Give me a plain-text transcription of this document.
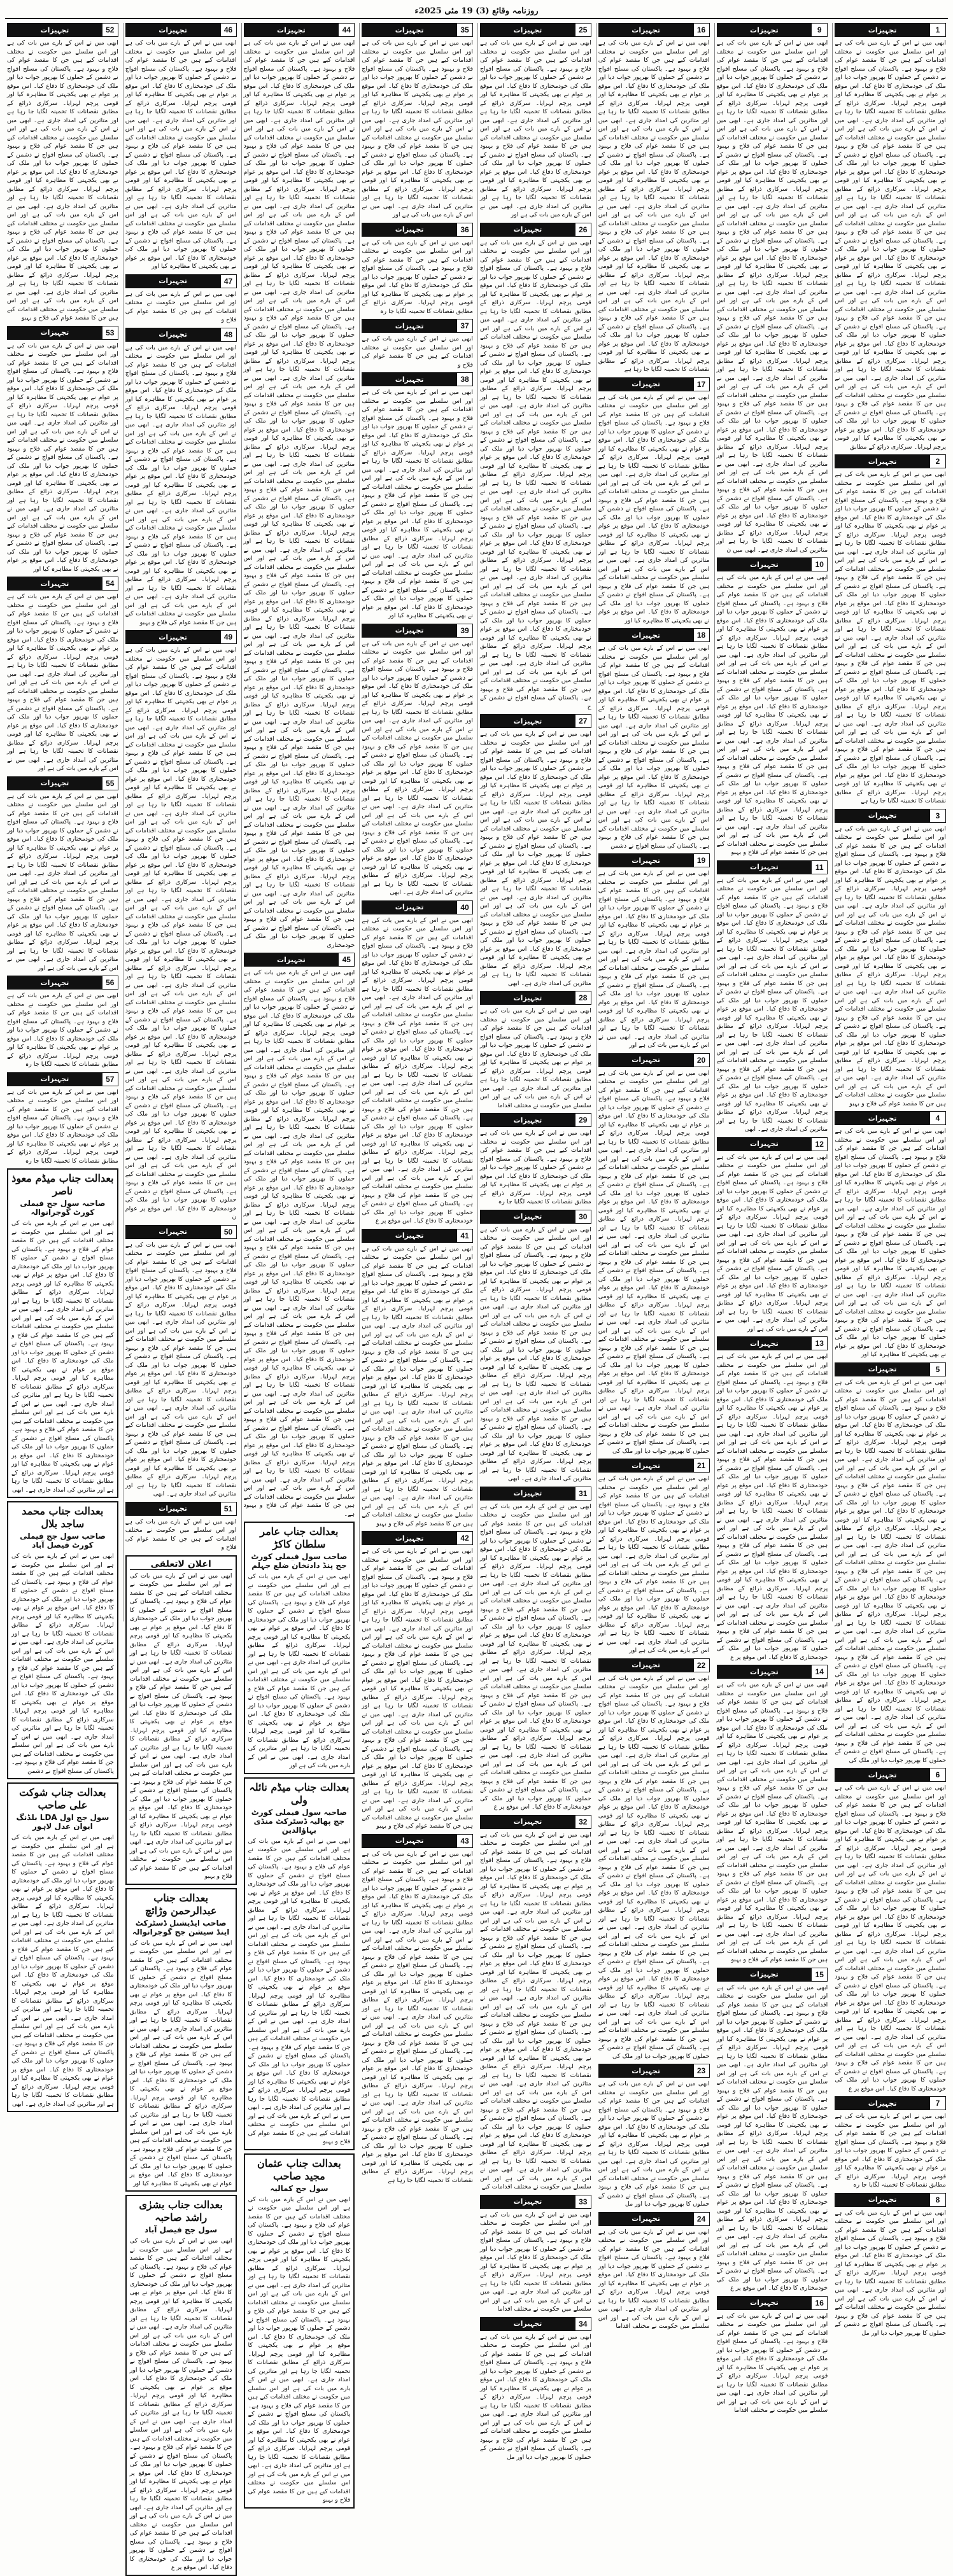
روزنامہ وقائع (3) 19 مئی 2025ء
1
تجہیزات

ابھی میں نے اس کے بارے میں بات کی ہے اور اس سلسلے میں حکومت نے مختلف اقدامات کیے ہیں جن کا مقصد عوام کی فلاح و بہبود ہے۔ پاکستان کی مسلح افواج نے دشمن کے حملوں کا بھرپور جواب دیا اور ملک کی خودمختاری کا دفاع کیا۔ اس موقع پر عوام نے بھی یکجہتی کا مظاہرہ کیا اور قومی پرچم لہرایا۔ سرکاری ذرائع کے مطابق نقصانات کا تخمینہ لگایا جا رہا ہے اور متاثرین کی امداد جاری ہے۔ ابھی میں نے اس کے بارے میں بات کی ہے اور اس سلسلے میں حکومت نے مختلف اقدامات کیے ہیں جن کا مقصد عوام کی فلاح و بہبود ہے۔ پاکستان کی مسلح افواج نے دشمن کے حملوں کا بھرپور جواب دیا اور ملک کی خودمختاری کا دفاع کیا۔ اس موقع پر عوام نے بھی یکجہتی کا مظاہرہ کیا اور قومی پرچم لہرایا۔ سرکاری ذرائع کے مطابق نقصانات کا تخمینہ لگایا جا رہا ہے اور متاثرین کی امداد جاری ہے۔ ابھی میں نے اس کے بارے میں بات کی ہے اور اس سلسلے میں حکومت نے مختلف اقدامات کیے ہیں جن کا مقصد عوام کی فلاح و بہبود ہے۔ پاکستان کی مسلح افواج نے دشمن کے حملوں کا بھرپور جواب دیا اور ملک کی خودمختاری کا دفاع کیا۔ اس موقع پر عوام نے بھی یکجہتی کا مظاہرہ کیا اور قومی پرچم لہرایا۔ سرکاری ذرائع کے مطابق نقصانات کا تخمینہ لگایا جا رہا ہے اور متاثرین کی امداد جاری ہے۔ ابھی میں نے اس کے بارے میں بات کی ہے اور اس سلسلے میں حکومت نے مختلف اقدامات کیے ہیں جن کا مقصد عوام کی فلاح و بہبود ہے۔ پاکستان کی مسلح افواج نے دشمن کے حملوں کا بھرپور جواب دیا اور ملک کی خودمختاری کا دفاع کیا۔ اس موقع پر عوام نے بھی یکجہتی کا مظاہرہ کیا اور قومی پرچم لہرایا۔ سرکاری ذرائع کے مطابق نقصانات کا تخمینہ لگایا جا رہا ہے اور متاثرین کی امداد جاری ہے۔ ابھی میں نے اس کے بارے میں بات کی ہے اور اس سلسلے میں حکومت نے مختلف اقدامات کیے ہیں جن کا مقصد عوام کی فلاح و بہبود ہے۔ پاکستان کی مسلح افواج نے دشمن کے حملوں کا بھرپور جواب دیا اور ملک کی خودمختاری کا دفاع کیا۔ اس موقع پر عوام نے بھی یکجہتی کا مظاہرہ کیا اور قومی پرچم لہرایا۔ سرکاری ذرائع کے مطابق

2
تجہیزات

ابھی میں نے اس کے بارے میں بات کی ہے اور اس سلسلے میں حکومت نے مختلف اقدامات کیے ہیں جن کا مقصد عوام کی فلاح و بہبود ہے۔ پاکستان کی مسلح افواج نے دشمن کے حملوں کا بھرپور جواب دیا اور ملک کی خودمختاری کا دفاع کیا۔ اس موقع پر عوام نے بھی یکجہتی کا مظاہرہ کیا اور قومی پرچم لہرایا۔ سرکاری ذرائع کے مطابق نقصانات کا تخمینہ لگایا جا رہا ہے اور متاثرین کی امداد جاری ہے۔ ابھی میں نے اس کے بارے میں بات کی ہے اور اس سلسلے میں حکومت نے مختلف اقدامات کیے ہیں جن کا مقصد عوام کی فلاح و بہبود ہے۔ پاکستان کی مسلح افواج نے دشمن کے حملوں کا بھرپور جواب دیا اور ملک کی خودمختاری کا دفاع کیا۔ اس موقع پر عوام نے بھی یکجہتی کا مظاہرہ کیا اور قومی پرچم لہرایا۔ سرکاری ذرائع کے مطابق نقصانات کا تخمینہ لگایا جا رہا ہے اور متاثرین کی امداد جاری ہے۔ ابھی میں نے اس کے بارے میں بات کی ہے اور اس سلسلے میں حکومت نے مختلف اقدامات کیے ہیں جن کا مقصد عوام کی فلاح و بہبود ہے۔ پاکستان کی مسلح افواج نے دشمن کے حملوں کا بھرپور جواب دیا اور ملک کی خودمختاری کا دفاع کیا۔ اس موقع پر عوام نے بھی یکجہتی کا مظاہرہ کیا اور قومی پرچم لہرایا۔ سرکاری ذرائع کے مطابق نقصانات کا تخمینہ لگایا جا رہا ہے اور متاثرین کی امداد جاری ہے۔ ابھی میں نے اس کے بارے میں بات کی ہے اور اس سلسلے میں حکومت نے مختلف اقدامات کیے ہیں جن کا مقصد عوام کی فلاح و بہبود ہے۔ پاکستان کی مسلح افواج نے دشمن کے حملوں کا بھرپور جواب دیا اور ملک کی خودمختاری کا دفاع کیا۔ اس موقع پر عوام نے بھی یکجہتی کا مظاہرہ کیا اور قومی پرچم لہرایا۔ سرکاری ذرائع کے مطابق نقصانات کا تخمینہ لگایا جا رہا ہے

3
تجہیزات

ابھی میں نے اس کے بارے میں بات کی ہے اور اس سلسلے میں حکومت نے مختلف اقدامات کیے ہیں جن کا مقصد عوام کی فلاح و بہبود ہے۔ پاکستان کی مسلح افواج نے دشمن کے حملوں کا بھرپور جواب دیا اور ملک کی خودمختاری کا دفاع کیا۔ اس موقع پر عوام نے بھی یکجہتی کا مظاہرہ کیا اور قومی پرچم لہرایا۔ سرکاری ذرائع کے مطابق نقصانات کا تخمینہ لگایا جا رہا ہے اور متاثرین کی امداد جاری ہے۔ ابھی میں نے اس کے بارے میں بات کی ہے اور اس سلسلے میں حکومت نے مختلف اقدامات کیے ہیں جن کا مقصد عوام کی فلاح و بہبود ہے۔ پاکستان کی مسلح افواج نے دشمن کے حملوں کا بھرپور جواب دیا اور ملک کی خودمختاری کا دفاع کیا۔ اس موقع پر عوام نے بھی یکجہتی کا مظاہرہ کیا اور قومی پرچم لہرایا۔ سرکاری ذرائع کے مطابق نقصانات کا تخمینہ لگایا جا رہا ہے اور متاثرین کی امداد جاری ہے۔ ابھی میں نے اس کے بارے میں بات کی ہے اور اس سلسلے میں حکومت نے مختلف اقدامات کیے ہیں جن کا مقصد عوام کی فلاح و بہبود ہے۔ پاکستان کی مسلح افواج نے دشمن کے حملوں کا بھرپور جواب دیا اور ملک کی خودمختاری کا دفاع کیا۔ اس موقع پر عوام نے بھی یکجہتی کا مظاہرہ کیا اور قومی پرچم لہرایا۔ سرکاری ذرائع کے مطابق نقصانات کا تخمینہ لگایا جا رہا ہے اور متاثرین کی امداد جاری ہے۔ ابھی میں نے اس کے بارے میں بات کی ہے اور اس سلسلے میں حکومت نے مختلف اقدامات کیے ہیں جن کا مقصد عوام کی فلاح و بہبو

4
تجہیزات

ابھی میں نے اس کے بارے میں بات کی ہے اور اس سلسلے میں حکومت نے مختلف اقدامات کیے ہیں جن کا مقصد عوام کی فلاح و بہبود ہے۔ پاکستان کی مسلح افواج نے دشمن کے حملوں کا بھرپور جواب دیا اور ملک کی خودمختاری کا دفاع کیا۔ اس موقع پر عوام نے بھی یکجہتی کا مظاہرہ کیا اور قومی پرچم لہرایا۔ سرکاری ذرائع کے مطابق نقصانات کا تخمینہ لگایا جا رہا ہے اور متاثرین کی امداد جاری ہے۔ ابھی میں نے اس کے بارے میں بات کی ہے اور اس سلسلے میں حکومت نے مختلف اقدامات کیے ہیں جن کا مقصد عوام کی فلاح و بہبود ہے۔ پاکستان کی مسلح افواج نے دشمن کے حملوں کا بھرپور جواب دیا اور ملک کی خودمختاری کا دفاع کیا۔ اس موقع پر عوام نے بھی یکجہتی کا مظاہرہ کیا اور قومی پرچم لہرایا۔ سرکاری ذرائع کے مطابق نقصانات کا تخمینہ لگایا جا رہا ہے اور متاثرین کی امداد جاری ہے۔ ابھی میں نے اس کے بارے میں بات کی ہے اور اس سلسلے میں حکومت نے مختلف اقدامات کیے ہیں جن کا مقصد عوام کی فلاح و بہبود ہے۔ پاکستان کی مسلح افواج نے دشمن کے حملوں کا بھرپور جواب دیا اور ملک کی خودمختاری کا دفاع کیا۔ اس موقع پر عوام نے بھی یکجہتی کا مظاہرہ کیا اور

5
تجہیزات

ابھی میں نے اس کے بارے میں بات کی ہے اور اس سلسلے میں حکومت نے مختلف اقدامات کیے ہیں جن کا مقصد عوام کی فلاح و بہبود ہے۔ پاکستان کی مسلح افواج نے دشمن کے حملوں کا بھرپور جواب دیا اور ملک کی خودمختاری کا دفاع کیا۔ اس موقع پر عوام نے بھی یکجہتی کا مظاہرہ کیا اور قومی پرچم لہرایا۔ سرکاری ذرائع کے مطابق نقصانات کا تخمینہ لگایا جا رہا ہے اور متاثرین کی امداد جاری ہے۔ ابھی میں نے اس کے بارے میں بات کی ہے اور اس سلسلے میں حکومت نے مختلف اقدامات کیے ہیں جن کا مقصد عوام کی فلاح و بہبود ہے۔ پاکستان کی مسلح افواج نے دشمن کے حملوں کا بھرپور جواب دیا اور ملک کی خودمختاری کا دفاع کیا۔ اس موقع پر عوام نے بھی یکجہتی کا مظاہرہ کیا اور قومی پرچم لہرایا۔ سرکاری ذرائع کے مطابق نقصانات کا تخمینہ لگایا جا رہا ہے اور متاثرین کی امداد جاری ہے۔ ابھی میں نے اس کے بارے میں بات کی ہے اور اس سلسلے میں حکومت نے مختلف اقدامات کیے ہیں جن کا مقصد عوام کی فلاح و بہبود ہے۔ پاکستان کی مسلح افواج نے دشمن کے حملوں کا بھرپور جواب دیا اور ملک کی خودمختاری کا دفاع کیا۔ اس موقع پر عوام نے بھی یکجہتی کا مظاہرہ کیا اور قومی پرچم لہرایا۔ سرکاری ذرائع کے مطابق نقصانات کا تخمینہ لگایا جا رہا ہے اور متاثرین کی امداد جاری ہے۔ ابھی میں نے اس کے بارے میں بات کی ہے اور اس سلسلے میں حکومت نے مختلف اقدامات کیے ہیں جن کا مقصد عوام کی فلاح و بہبود ہے۔ پاکستان کی مسلح افواج نے دشمن کے حملوں کا بھرپور جواب دیا اور ملک کی خودمختاری کا دفاع کیا۔ اس موقع پر عوام نے بھی یکجہتی کا مظاہرہ کیا اور قومی پرچم لہرایا۔ سرکاری ذرائع کے مطابق نقصانات کا تخمینہ لگایا جا رہا ہے اور متاثرین کی امداد جاری ہے۔ ابھی میں نے اس کے بارے میں بات کی ہے اور اس سلسلے میں حکومت نے مختلف اقدامات کیے ہیں جن کا مقصد عوام کی فلاح و بہبود ہے۔ پاکستان کی مسلح افواج نے دشمن کے حملوں کا بھرپور جواب دیا اور ملک کی

6
تجہیزات

ابھی میں نے اس کے بارے میں بات کی ہے اور اس سلسلے میں حکومت نے مختلف اقدامات کیے ہیں جن کا مقصد عوام کی فلاح و بہبود ہے۔ پاکستان کی مسلح افواج نے دشمن کے حملوں کا بھرپور جواب دیا اور ملک کی خودمختاری کا دفاع کیا۔ اس موقع پر عوام نے بھی یکجہتی کا مظاہرہ کیا اور قومی پرچم لہرایا۔ سرکاری ذرائع کے مطابق نقصانات کا تخمینہ لگایا جا رہا ہے اور متاثرین کی امداد جاری ہے۔ ابھی میں نے اس کے بارے میں بات کی ہے اور اس سلسلے میں حکومت نے مختلف اقدامات کیے ہیں جن کا مقصد عوام کی فلاح و بہبود ہے۔ پاکستان کی مسلح افواج نے دشمن کے حملوں کا بھرپور جواب دیا اور ملک کی خودمختاری کا دفاع کیا۔ اس موقع پر عوام نے بھی یکجہتی کا مظاہرہ کیا اور قومی پرچم لہرایا۔ سرکاری ذرائع کے مطابق نقصانات کا تخمینہ لگایا جا رہا ہے اور متاثرین کی امداد جاری ہے۔ ابھی میں نے اس کے بارے میں بات کی ہے اور اس سلسلے میں حکومت نے مختلف اقدامات کیے ہیں جن کا مقصد عوام کی فلاح و بہبود ہے۔ پاکستان کی مسلح افواج نے دشمن کے حملوں کا بھرپور جواب دیا اور ملک کی خودمختاری کا دفاع کیا۔ اس موقع پر عوام نے بھی یکجہتی کا مظاہرہ کیا اور قومی پرچم لہرایا۔ سرکاری ذرائع کے مطابق نقصانات کا تخمینہ لگایا جا رہا ہے اور متاثرین کی امداد جاری ہے۔ ابھی میں نے اس کے بارے میں بات کی ہے اور اس سلسلے میں حکومت نے مختلف اقدامات کیے ہیں جن کا مقصد عوام کی فلاح و بہبود ہے۔ پاکستان کی مسلح افواج نے دشمن کے حملوں کا بھرپور جواب دیا اور ملک کی خودمختاری کا دفاع کیا۔ اس موقع پر ع

7
تجہیزات

ابھی میں نے اس کے بارے میں بات کی ہے اور اس سلسلے میں حکومت نے مختلف اقدامات کیے ہیں جن کا مقصد عوام کی فلاح و بہبود ہے۔ پاکستان کی مسلح افواج نے دشمن کے حملوں کا بھرپور جواب دیا اور ملک کی خودمختاری کا دفاع کیا۔ اس موقع پر عوام نے بھی یکجہتی کا مظاہرہ کیا اور قومی پرچم لہرایا۔ سرکاری ذرائع کے مطابق نقصانات کا تخمینہ لگایا جا رہ

8
تجہیزات

ابھی میں نے اس کے بارے میں بات کی ہے اور اس سلسلے میں حکومت نے مختلف اقدامات کیے ہیں جن کا مقصد عوام کی فلاح و بہبود ہے۔ پاکستان کی مسلح افواج نے دشمن کے حملوں کا بھرپور جواب دیا اور ملک کی خودمختاری کا دفاع کیا۔ اس موقع پر عوام نے بھی یکجہتی کا مظاہرہ کیا اور قومی پرچم لہرایا۔ سرکاری ذرائع کے مطابق نقصانات کا تخمینہ لگایا جا رہا ہے اور متاثرین کی امداد جاری ہے۔ ابھی میں نے اس کے بارے میں بات کی ہے اور اس سلسلے میں حکومت نے مختلف اقدامات کیے ہیں جن کا مقصد عوام کی فلاح و بہبود ہے۔ پاکستان کی مسلح افواج نے دشمن کے حملوں کا بھرپور جواب دیا اور مل

9
تجہیزات

ابھی میں نے اس کے بارے میں بات کی ہے اور اس سلسلے میں حکومت نے مختلف اقدامات کیے ہیں جن کا مقصد عوام کی فلاح و بہبود ہے۔ پاکستان کی مسلح افواج نے دشمن کے حملوں کا بھرپور جواب دیا اور ملک کی خودمختاری کا دفاع کیا۔ اس موقع پر عوام نے بھی یکجہتی کا مظاہرہ کیا اور قومی پرچم لہرایا۔ سرکاری ذرائع کے مطابق نقصانات کا تخمینہ لگایا جا رہا ہے اور متاثرین کی امداد جاری ہے۔ ابھی میں نے اس کے بارے میں بات کی ہے اور اس سلسلے میں حکومت نے مختلف اقدامات کیے ہیں جن کا مقصد عوام کی فلاح و بہبود ہے۔ پاکستان کی مسلح افواج نے دشمن کے حملوں کا بھرپور جواب دیا اور ملک کی خودمختاری کا دفاع کیا۔ اس موقع پر عوام نے بھی یکجہتی کا مظاہرہ کیا اور قومی پرچم لہرایا۔ سرکاری ذرائع کے مطابق نقصانات کا تخمینہ لگایا جا رہا ہے اور متاثرین کی امداد جاری ہے۔ ابھی میں نے اس کے بارے میں بات کی ہے اور اس سلسلے میں حکومت نے مختلف اقدامات کیے ہیں جن کا مقصد عوام کی فلاح و بہبود ہے۔ پاکستان کی مسلح افواج نے دشمن کے حملوں کا بھرپور جواب دیا اور ملک کی خودمختاری کا دفاع کیا۔ اس موقع پر عوام نے بھی یکجہتی کا مظاہرہ کیا اور قومی پرچم لہرایا۔ سرکاری ذرائع کے مطابق نقصانات کا تخمینہ لگایا جا رہا ہے اور متاثرین کی امداد جاری ہے۔ ابھی میں نے اس کے بارے میں بات کی ہے اور اس سلسلے میں حکومت نے مختلف اقدامات کیے ہیں جن کا مقصد عوام کی فلاح و بہبود ہے۔ پاکستان کی مسلح افواج نے دشمن کے حملوں کا بھرپور جواب دیا اور ملک کی خودمختاری کا دفاع کیا۔ اس موقع پر عوام نے بھی یکجہتی کا مظاہرہ کیا اور قومی پرچم لہرایا۔ سرکاری ذرائع کے مطابق نقصانات کا تخمینہ لگایا جا رہا ہے اور متاثرین کی امداد جاری ہے۔ ابھی میں نے اس کے بارے میں بات کی ہے اور اس سلسلے میں حکومت نے مختلف اقدامات کیے ہیں جن کا مقصد عوام کی فلاح و بہبود ہے۔ پاکستان کی مسلح افواج نے دشمن کے حملوں کا بھرپور جواب دیا اور ملک کی خودمختاری کا دفاع کیا۔ اس موقع پر عوام نے بھی یکجہتی کا مظاہرہ کیا اور قومی پرچم لہرایا۔ سرکاری ذرائع کے مطابق نقصانات کا تخمینہ لگایا جا رہا ہے اور متاثرین کی امداد جاری ہے۔ ابھی میں نے اس کے بارے میں بات کی ہے اور اس سلسلے میں حکومت نے مختلف اقدامات کیے ہیں جن کا مقصد عوام کی فلاح و بہبود ہے۔ پاکستان کی مسلح افواج نے دشمن کے حملوں کا بھرپور جواب دیا اور ملک کی خودمختاری کا دفاع کیا۔ اس موقع پر عوام نے بھی یکجہتی کا مظاہرہ کیا اور قومی پرچم لہرایا۔ سرکاری ذرائع کے مطابق نقصانات کا تخمینہ لگایا جا رہا ہے اور متاثرین کی امداد جاری ہے۔ ابھی میں ن

10
تجہیزات

ابھی میں نے اس کے بارے میں بات کی ہے اور اس سلسلے میں حکومت نے مختلف اقدامات کیے ہیں جن کا مقصد عوام کی فلاح و بہبود ہے۔ پاکستان کی مسلح افواج نے دشمن کے حملوں کا بھرپور جواب دیا اور ملک کی خودمختاری کا دفاع کیا۔ اس موقع پر عوام نے بھی یکجہتی کا مظاہرہ کیا اور قومی پرچم لہرایا۔ سرکاری ذرائع کے مطابق نقصانات کا تخمینہ لگایا جا رہا ہے اور متاثرین کی امداد جاری ہے۔ ابھی میں نے اس کے بارے میں بات کی ہے اور اس سلسلے میں حکومت نے مختلف اقدامات کیے ہیں جن کا مقصد عوام کی فلاح و بہبود ہے۔ پاکستان کی مسلح افواج نے دشمن کے حملوں کا بھرپور جواب دیا اور ملک کی خودمختاری کا دفاع کیا۔ اس موقع پر عوام نے بھی یکجہتی کا مظاہرہ کیا اور قومی پرچم لہرایا۔ سرکاری ذرائع کے مطابق نقصانات کا تخمینہ لگایا جا رہا ہے اور متاثرین کی امداد جاری ہے۔ ابھی میں نے اس کے بارے میں بات کی ہے اور اس سلسلے میں حکومت نے مختلف اقدامات کیے ہیں جن کا مقصد عوام کی فلاح و بہبود ہے۔ پاکستان کی مسلح افواج نے دشمن کے حملوں کا بھرپور جواب دیا اور ملک کی خودمختاری کا دفاع کیا۔ اس موقع پر عوام نے بھی یکجہتی کا مظاہرہ کیا اور قومی پرچم لہرایا۔ سرکاری ذرائع کے مطابق نقصانات کا تخمینہ لگایا جا رہا ہے اور متاثرین کی امداد جاری ہے۔ ابھی میں نے اس کے بارے میں بات کی ہے اور اس سلسلے میں حکومت نے مختلف اقدامات کیے ہیں جن کا مقصد عوام کی فلاح و بہبو

11
تجہیزات

ابھی میں نے اس کے بارے میں بات کی ہے اور اس سلسلے میں حکومت نے مختلف اقدامات کیے ہیں جن کا مقصد عوام کی فلاح و بہبود ہے۔ پاکستان کی مسلح افواج نے دشمن کے حملوں کا بھرپور جواب دیا اور ملک کی خودمختاری کا دفاع کیا۔ اس موقع پر عوام نے بھی یکجہتی کا مظاہرہ کیا اور قومی پرچم لہرایا۔ سرکاری ذرائع کے مطابق نقصانات کا تخمینہ لگایا جا رہا ہے اور متاثرین کی امداد جاری ہے۔ ابھی میں نے اس کے بارے میں بات کی ہے اور اس سلسلے میں حکومت نے مختلف اقدامات کیے ہیں جن کا مقصد عوام کی فلاح و بہبود ہے۔ پاکستان کی مسلح افواج نے دشمن کے حملوں کا بھرپور جواب دیا اور ملک کی خودمختاری کا دفاع کیا۔ اس موقع پر عوام نے بھی یکجہتی کا مظاہرہ کیا اور قومی پرچم لہرایا۔ سرکاری ذرائع کے مطابق نقصانات کا تخمینہ لگایا جا رہا ہے اور متاثرین کی امداد جاری ہے۔ ابھی میں نے اس کے بارے میں بات کی ہے اور اس سلسلے میں حکومت نے مختلف اقدامات کیے ہیں جن کا مقصد عوام کی فلاح و بہبود ہے۔ پاکستان کی مسلح افواج نے دشمن کے حملوں کا بھرپور جواب دیا اور ملک کی خودمختاری کا دفاع کیا۔ اس موقع پر عوام نے بھی یکجہتی کا مظاہرہ کیا اور قومی پرچم لہرایا۔ سرکاری ذرائع کے مطابق نقصانات کا تخمینہ لگایا جا رہا ہے اور متاثرین کی امداد جاری ہے۔ ابھی

12
تجہیزات

ابھی میں نے اس کے بارے میں بات کی ہے اور اس سلسلے میں حکومت نے مختلف اقدامات کیے ہیں جن کا مقصد عوام کی فلاح و بہبود ہے۔ پاکستان کی مسلح افواج نے دشمن کے حملوں کا بھرپور جواب دیا اور ملک کی خودمختاری کا دفاع کیا۔ اس موقع پر عوام نے بھی یکجہتی کا مظاہرہ کیا اور قومی پرچم لہرایا۔ سرکاری ذرائع کے مطابق نقصانات کا تخمینہ لگایا جا رہا ہے اور متاثرین کی امداد جاری ہے۔ ابھی میں نے اس کے بارے میں بات کی ہے اور اس سلسلے میں حکومت نے مختلف اقدامات کیے ہیں جن کا مقصد عوام کی فلاح و بہبود ہے۔ پاکستان کی مسلح افواج نے دشمن کے حملوں کا بھرپور جواب دیا اور ملک کی خودمختاری کا دفاع کیا۔ اس موقع پر عوام نے بھی یکجہتی کا مظاہرہ کیا اور قومی پرچم لہرایا۔ سرکاری ذرائع کے مطابق نقصانات کا تخمینہ لگایا جا رہا ہے اور متاثرین کی امداد جاری ہے۔ ابھی میں نے اس کے بارے میں بات کی ہے اور

13
تجہیزات

ابھی میں نے اس کے بارے میں بات کی ہے اور اس سلسلے میں حکومت نے مختلف اقدامات کیے ہیں جن کا مقصد عوام کی فلاح و بہبود ہے۔ پاکستان کی مسلح افواج نے دشمن کے حملوں کا بھرپور جواب دیا اور ملک کی خودمختاری کا دفاع کیا۔ اس موقع پر عوام نے بھی یکجہتی کا مظاہرہ کیا اور قومی پرچم لہرایا۔ سرکاری ذرائع کے مطابق نقصانات کا تخمینہ لگایا جا رہا ہے اور متاثرین کی امداد جاری ہے۔ ابھی میں نے اس کے بارے میں بات کی ہے اور اس سلسلے میں حکومت نے مختلف اقدامات کیے ہیں جن کا مقصد عوام کی فلاح و بہبود ہے۔ پاکستان کی مسلح افواج نے دشمن کے حملوں کا بھرپور جواب دیا اور ملک کی خودمختاری کا دفاع کیا۔ اس موقع پر عوام نے بھی یکجہتی کا مظاہرہ کیا اور قومی پرچم لہرایا۔ سرکاری ذرائع کے مطابق نقصانات کا تخمینہ لگایا جا رہا ہے اور متاثرین کی امداد جاری ہے۔ ابھی میں نے اس کے بارے میں بات کی ہے اور اس سلسلے میں حکومت نے مختلف اقدامات کیے ہیں جن کا مقصد عوام کی فلاح و بہبود ہے۔ پاکستان کی مسلح افواج نے دشمن کے حملوں کا بھرپور جواب دیا اور ملک کی خودمختاری کا دفاع کیا۔ اس موقع پر عوام نے بھی یکجہتی کا مظاہرہ کیا اور قومی پرچم لہرایا۔ سرکاری ذرائع کے مطابق نقصانات کا تخمینہ لگایا جا رہا ہے اور متاثرین کی امداد جاری ہے۔ ابھی میں نے اس کے بارے میں بات کی ہے اور اس سلسلے میں حکومت نے مختلف اقدامات کیے ہیں جن کا مقصد عوام کی فلاح و بہبود ہے۔ پاکستان کی مسلح افواج نے دشمن کے حملوں کا بھرپور جواب دیا اور ملک کی خودمختاری کا دفاع کیا۔ اس موقع پر ع

14
تجہیزات

ابھی میں نے اس کے بارے میں بات کی ہے اور اس سلسلے میں حکومت نے مختلف اقدامات کیے ہیں جن کا مقصد عوام کی فلاح و بہبود ہے۔ پاکستان کی مسلح افواج نے دشمن کے حملوں کا بھرپور جواب دیا اور ملک کی خودمختاری کا دفاع کیا۔ اس موقع پر عوام نے بھی یکجہتی کا مظاہرہ کیا اور قومی پرچم لہرایا۔ سرکاری ذرائع کے مطابق نقصانات کا تخمینہ لگایا جا رہا ہے اور متاثرین کی امداد جاری ہے۔ ابھی میں نے اس کے بارے میں بات کی ہے اور اس سلسلے میں حکومت نے مختلف اقدامات کیے ہیں جن کا مقصد عوام کی فلاح و بہبود ہے۔ پاکستان کی مسلح افواج نے دشمن کے حملوں کا بھرپور جواب دیا اور ملک کی خودمختاری کا دفاع کیا۔ اس موقع پر عوام نے بھی یکجہتی کا مظاہرہ کیا اور قومی پرچم لہرایا۔ سرکاری ذرائع کے مطابق نقصانات کا تخمینہ لگایا جا رہا ہے اور متاثرین کی امداد جاری ہے۔ ابھی میں نے اس کے بارے میں بات کی ہے اور اس سلسلے میں حکومت نے مختلف اقدامات کیے ہیں جن کا مقصد عوام کی فلاح و بہبود ہے۔ پاکستان کی مسلح افواج نے دشمن کے حملوں کا بھرپور جواب دیا اور ملک کی خودمختاری کا دفاع کیا۔ اس موقع پر عوام نے بھی یکجہتی کا مظاہرہ کیا اور قومی پرچم لہرایا۔ سرکاری ذرائع کے مطابق نقصانات کا تخمینہ لگایا جا رہا ہے اور متاثرین کی امداد جاری ہے۔ ابھی میں نے اس کے بارے میں بات کی ہے اور اس سلسلے میں حکومت نے مختلف اقدامات کیے ہیں جن کا مقصد عوام کی فلاح و بہبو

15
تجہیزات

ابھی میں نے اس کے بارے میں بات کی ہے اور اس سلسلے میں حکومت نے مختلف اقدامات کیے ہیں جن کا مقصد عوام کی فلاح و بہبود ہے۔ پاکستان کی مسلح افواج نے دشمن کے حملوں کا بھرپور جواب دیا اور ملک کی خودمختاری کا دفاع کیا۔ اس موقع پر عوام نے بھی یکجہتی کا مظاہرہ کیا اور قومی پرچم لہرایا۔ سرکاری ذرائع کے مطابق نقصانات کا تخمینہ لگایا جا رہا ہے اور متاثرین کی امداد جاری ہے۔ ابھی میں نے اس کے بارے میں بات کی ہے اور اس سلسلے میں حکومت نے مختلف اقدامات کیے ہیں جن کا مقصد عوام کی فلاح و بہبود ہے۔ پاکستان کی مسلح افواج نے دشمن کے حملوں کا بھرپور جواب دیا اور ملک کی خودمختاری کا دفاع کیا۔ اس موقع پر عوام نے بھی یکجہتی کا مظاہرہ کیا اور قومی پرچم لہرایا۔ سرکاری ذرائع کے مطابق نقصانات کا تخمینہ لگایا جا رہا ہے اور متاثرین کی امداد جاری ہے۔ ابھی میں نے اس کے بارے میں بات کی ہے اور اس سلسلے میں حکومت نے مختلف اقدامات کیے ہیں جن کا مقصد عوام کی فلاح و بہبود ہے۔ پاکستان کی مسلح افواج نے دشمن کے حملوں کا بھرپور جواب دیا اور ملک کی خودمختاری کا دفاع کیا۔ اس موقع پر عوام نے بھی یکجہتی کا مظاہرہ کیا اور قومی پرچم لہرایا۔ سرکاری ذرائع کے مطابق نقصانات کا تخمینہ لگایا جا رہا ہے اور متاثرین کی امداد جاری ہے۔ ابھی میں نے اس کے بارے میں بات کی ہے اور اس سلسلے میں حکومت نے مختلف اقدامات کیے ہیں جن کا مقصد عوام کی فلاح و بہبود ہے۔ پاکستان کی مسلح افواج نے دشمن کے حملوں کا بھرپور جواب دیا اور ملک کی خودمختاری کا دفاع کیا۔ اس موقع پر ع

16
تجہیزات

ابھی میں نے اس کے بارے میں بات کی ہے اور اس سلسلے میں حکومت نے مختلف اقدامات کیے ہیں جن کا مقصد عوام کی فلاح و بہبود ہے۔ پاکستان کی مسلح افواج نے دشمن کے حملوں کا بھرپور جواب دیا اور ملک کی خودمختاری کا دفاع کیا۔ اس موقع پر عوام نے بھی یکجہتی کا مظاہرہ کیا اور قومی پرچم لہرایا۔ سرکاری ذرائع کے مطابق نقصانات کا تخمینہ لگایا جا رہا ہے اور متاثرین کی امداد جاری ہے۔ ابھی میں نے اس کے بارے میں بات کی ہے اور اس سلسلے میں حکومت نے مختلف اقداما

16
تجہیزات

ابھی میں نے اس کے بارے میں بات کی ہے اور اس سلسلے میں حکومت نے مختلف اقدامات کیے ہیں جن کا مقصد عوام کی فلاح و بہبود ہے۔ پاکستان کی مسلح افواج نے دشمن کے حملوں کا بھرپور جواب دیا اور ملک کی خودمختاری کا دفاع کیا۔ اس موقع پر عوام نے بھی یکجہتی کا مظاہرہ کیا اور قومی پرچم لہرایا۔ سرکاری ذرائع کے مطابق نقصانات کا تخمینہ لگایا جا رہا ہے اور متاثرین کی امداد جاری ہے۔ ابھی میں نے اس کے بارے میں بات کی ہے اور اس سلسلے میں حکومت نے مختلف اقدامات کیے ہیں جن کا مقصد عوام کی فلاح و بہبود ہے۔ پاکستان کی مسلح افواج نے دشمن کے حملوں کا بھرپور جواب دیا اور ملک کی خودمختاری کا دفاع کیا۔ اس موقع پر عوام نے بھی یکجہتی کا مظاہرہ کیا اور قومی پرچم لہرایا۔ سرکاری ذرائع کے مطابق نقصانات کا تخمینہ لگایا جا رہا ہے اور متاثرین کی امداد جاری ہے۔ ابھی میں نے اس کے بارے میں بات کی ہے اور اس سلسلے میں حکومت نے مختلف اقدامات کیے ہیں جن کا مقصد عوام کی فلاح و بہبود ہے۔ پاکستان کی مسلح افواج نے دشمن کے حملوں کا بھرپور جواب دیا اور ملک کی خودمختاری کا دفاع کیا۔ اس موقع پر عوام نے بھی یکجہتی کا مظاہرہ کیا اور قومی پرچم لہرایا۔ سرکاری ذرائع کے مطابق نقصانات کا تخمینہ لگایا جا رہا ہے اور متاثرین کی امداد جاری ہے۔ ابھی میں نے اس کے بارے میں بات کی ہے اور اس سلسلے میں حکومت نے مختلف اقدامات کیے ہیں جن کا مقصد عوام کی فلاح و بہبود ہے۔ پاکستان کی مسلح افواج نے دشمن کے حملوں کا بھرپور جواب دیا اور ملک کی خودمختاری کا دفاع کیا۔ اس موقع پر عوام نے بھی یکجہتی کا مظاہرہ کیا اور قومی پرچم لہرایا۔ سرکاری ذرائع کے مطابق نقصانات کا تخمینہ لگایا جا رہا ہے

17
تجہیزات

ابھی میں نے اس کے بارے میں بات کی ہے اور اس سلسلے میں حکومت نے مختلف اقدامات کیے ہیں جن کا مقصد عوام کی فلاح و بہبود ہے۔ پاکستان کی مسلح افواج نے دشمن کے حملوں کا بھرپور جواب دیا اور ملک کی خودمختاری کا دفاع کیا۔ اس موقع پر عوام نے بھی یکجہتی کا مظاہرہ کیا اور قومی پرچم لہرایا۔ سرکاری ذرائع کے مطابق نقصانات کا تخمینہ لگایا جا رہا ہے اور متاثرین کی امداد جاری ہے۔ ابھی میں نے اس کے بارے میں بات کی ہے اور اس سلسلے میں حکومت نے مختلف اقدامات کیے ہیں جن کا مقصد عوام کی فلاح و بہبود ہے۔ پاکستان کی مسلح افواج نے دشمن کے حملوں کا بھرپور جواب دیا اور ملک کی خودمختاری کا دفاع کیا۔ اس موقع پر عوام نے بھی یکجہتی کا مظاہرہ کیا اور قومی پرچم لہرایا۔ سرکاری ذرائع کے مطابق نقصانات کا تخمینہ لگایا جا رہا ہے اور متاثرین کی امداد جاری ہے۔ ابھی میں نے اس کے بارے میں بات کی ہے اور اس سلسلے میں حکومت نے مختلف اقدامات کیے ہیں جن کا مقصد عوام کی فلاح و بہبود ہے۔ پاکستان کی مسلح افواج نے دشمن کے حملوں کا بھرپور جواب دیا اور ملک کی خودمختاری کا دفاع کیا۔ اس موقع پر عوام نے بھی یکجہتی کا مظاہرہ کیا اور

18
تجہیزات

ابھی میں نے اس کے بارے میں بات کی ہے اور اس سلسلے میں حکومت نے مختلف اقدامات کیے ہیں جن کا مقصد عوام کی فلاح و بہبود ہے۔ پاکستان کی مسلح افواج نے دشمن کے حملوں کا بھرپور جواب دیا اور ملک کی خودمختاری کا دفاع کیا۔ اس موقع پر عوام نے بھی یکجہتی کا مظاہرہ کیا اور قومی پرچم لہرایا۔ سرکاری ذرائع کے مطابق نقصانات کا تخمینہ لگایا جا رہا ہے اور متاثرین کی امداد جاری ہے۔ ابھی میں نے اس کے بارے میں بات کی ہے اور اس سلسلے میں حکومت نے مختلف اقدامات کیے ہیں جن کا مقصد عوام کی فلاح و بہبود ہے۔ پاکستان کی مسلح افواج نے دشمن کے حملوں کا بھرپور جواب دیا اور ملک کی خودمختاری کا دفاع کیا۔ اس موقع پر عوام نے بھی یکجہتی کا مظاہرہ کیا اور قومی پرچم لہرایا۔ سرکاری ذرائع کے مطابق نقصانات کا تخمینہ لگایا جا رہا ہے اور متاثرین کی امداد جاری ہے۔ ابھی میں نے اس کے بارے میں بات کی ہے اور اس سلسلے میں حکومت نے مختلف اقدامات کیے ہیں جن کا مقصد عوام کی فلاح و بہبود ہے۔ پاکستان کی مسلح افواج نے دشمن

19
تجہیزات

ابھی میں نے اس کے بارے میں بات کی ہے اور اس سلسلے میں حکومت نے مختلف اقدامات کیے ہیں جن کا مقصد عوام کی فلاح و بہبود ہے۔ پاکستان کی مسلح افواج نے دشمن کے حملوں کا بھرپور جواب دیا اور ملک کی خودمختاری کا دفاع کیا۔ اس موقع پر عوام نے بھی یکجہتی کا مظاہرہ کیا اور قومی پرچم لہرایا۔ سرکاری ذرائع کے مطابق نقصانات کا تخمینہ لگایا جا رہا ہے اور متاثرین کی امداد جاری ہے۔ ابھی میں نے اس کے بارے میں بات کی ہے اور اس سلسلے میں حکومت نے مختلف اقدامات کیے ہیں جن کا مقصد عوام کی فلاح و بہبود ہے۔ پاکستان کی مسلح افواج نے دشمن کے حملوں کا بھرپور جواب دیا اور ملک کی خودمختاری کا دفاع کیا۔ اس موقع پر عوام نے بھی یکجہتی کا مظاہرہ کیا اور قومی پرچم لہرایا۔ سرکاری ذرائع کے مطابق نقصانات کا تخمینہ لگایا جا رہا ہے اور متاثرین کی امداد جاری ہے۔ ابھی میں نے اس کے بارے میں بات کی ہے اور

20
تجہیزات

ابھی میں نے اس کے بارے میں بات کی ہے اور اس سلسلے میں حکومت نے مختلف اقدامات کیے ہیں جن کا مقصد عوام کی فلاح و بہبود ہے۔ پاکستان کی مسلح افواج نے دشمن کے حملوں کا بھرپور جواب دیا اور ملک کی خودمختاری کا دفاع کیا۔ اس موقع پر عوام نے بھی یکجہتی کا مظاہرہ کیا اور قومی پرچم لہرایا۔ سرکاری ذرائع کے مطابق نقصانات کا تخمینہ لگایا جا رہا ہے اور متاثرین کی امداد جاری ہے۔ ابھی میں نے اس کے بارے میں بات کی ہے اور اس سلسلے میں حکومت نے مختلف اقدامات کیے ہیں جن کا مقصد عوام کی فلاح و بہبود ہے۔ پاکستان کی مسلح افواج نے دشمن کے حملوں کا بھرپور جواب دیا اور ملک کی خودمختاری کا دفاع کیا۔ اس موقع پر عوام نے بھی یکجہتی کا مظاہرہ کیا اور قومی پرچم لہرایا۔ سرکاری ذرائع کے مطابق نقصانات کا تخمینہ لگایا جا رہا ہے اور متاثرین کی امداد جاری ہے۔ ابھی میں نے اس کے بارے میں بات کی ہے اور اس سلسلے میں حکومت نے مختلف اقدامات کیے ہیں جن کا مقصد عوام کی فلاح و بہبود ہے۔ پاکستان کی مسلح افواج نے دشمن کے حملوں کا بھرپور جواب دیا اور ملک کی خودمختاری کا دفاع کیا۔ اس موقع پر عوام نے بھی یکجہتی کا مظاہرہ کیا اور قومی پرچم لہرایا۔ سرکاری ذرائع کے مطابق نقصانات کا تخمینہ لگایا جا رہا ہے اور متاثرین کی امداد جاری ہے۔ ابھی میں نے اس کے بارے میں بات کی ہے اور اس سلسلے میں حکومت نے مختلف اقدامات کیے ہیں جن کا مقصد عوام کی فلاح و بہبود ہے۔ پاکستان کی مسلح افواج نے دشمن کے حملوں کا بھرپور جواب دیا اور ملک کی خودمختاری کا دفاع کیا۔ اس موقع پر عوام نے بھی یکجہتی کا مظاہرہ کیا اور قومی پرچم لہرایا۔ سرکاری ذرائع کے مطابق نقصانات کا تخمینہ لگایا جا رہا ہے اور متاثرین کی امداد جاری ہے۔ ابھی میں نے اس کے بارے میں بات کی ہے اور اس سلسلے میں حکومت نے مختلف اقدامات کیے ہیں جن کا مقصد عوام کی فلاح و بہبود ہے۔ پاکستان کی مسلح افواج نے دشمن کے حملوں کا بھرپور جواب دیا اور ملک کی

21
تجہیزات

ابھی میں نے اس کے بارے میں بات کی ہے اور اس سلسلے میں حکومت نے مختلف اقدامات کیے ہیں جن کا مقصد عوام کی فلاح و بہبود ہے۔ پاکستان کی مسلح افواج نے دشمن کے حملوں کا بھرپور جواب دیا اور ملک کی خودمختاری کا دفاع کیا۔ اس موقع پر عوام نے بھی یکجہتی کا مظاہرہ کیا اور قومی پرچم لہرایا۔ سرکاری ذرائع کے مطابق نقصانات کا تخمینہ لگایا جا رہا ہے اور متاثرین کی امداد جاری ہے۔ ابھی میں نے اس کے بارے میں بات کی ہے اور اس سلسلے میں حکومت نے مختلف اقدامات کیے ہیں جن کا مقصد عوام کی فلاح و بہبود ہے۔ پاکستان کی مسلح افواج نے دشمن کے حملوں کا بھرپور جواب دیا اور ملک کی خودمختاری کا دفاع کیا۔ اس موقع پر عوام نے بھی یکجہتی کا مظاہرہ کیا اور قومی پرچم لہرایا۔ سرکاری ذرائع کے مطابق نقصانات کا تخمینہ لگایا جا رہا ہے اور متاثرین کی امداد جاری ہے۔ ابھی میں نے اس کے بارے میں بات کی ہے اور

22
تجہیزات

ابھی میں نے اس کے بارے میں بات کی ہے اور اس سلسلے میں حکومت نے مختلف اقدامات کیے ہیں جن کا مقصد عوام کی فلاح و بہبود ہے۔ پاکستان کی مسلح افواج نے دشمن کے حملوں کا بھرپور جواب دیا اور ملک کی خودمختاری کا دفاع کیا۔ اس موقع پر عوام نے بھی یکجہتی کا مظاہرہ کیا اور قومی پرچم لہرایا۔ سرکاری ذرائع کے مطابق نقصانات کا تخمینہ لگایا جا رہا ہے اور متاثرین کی امداد جاری ہے۔ ابھی میں نے اس کے بارے میں بات کی ہے اور اس سلسلے میں حکومت نے مختلف اقدامات کیے ہیں جن کا مقصد عوام کی فلاح و بہبود ہے۔ پاکستان کی مسلح افواج نے دشمن کے حملوں کا بھرپور جواب دیا اور ملک کی خودمختاری کا دفاع کیا۔ اس موقع پر عوام نے بھی یکجہتی کا مظاہرہ کیا اور قومی پرچم لہرایا۔ سرکاری ذرائع کے مطابق نقصانات کا تخمینہ لگایا جا رہا ہے اور متاثرین کی امداد جاری ہے۔ ابھی میں نے اس کے بارے میں بات کی ہے اور اس سلسلے میں حکومت نے مختلف اقدامات کیے ہیں جن کا مقصد عوام کی فلاح و بہبود ہے۔ پاکستان کی مسلح افواج نے دشمن کے حملوں کا بھرپور جواب دیا اور ملک کی خودمختاری کا دفاع کیا۔ اس موقع پر عوام نے بھی یکجہتی کا مظاہرہ کیا اور قومی پرچم لہرایا۔ سرکاری ذرائع کے مطابق نقصانات کا تخمینہ لگایا جا رہا ہے اور متاثرین کی امداد جاری ہے۔ ابھی میں نے اس کے بارے میں بات کی ہے اور اس سلسلے میں حکومت نے مختلف اقدامات کیے ہیں جن کا مقصد عوام کی فلاح و بہبود ہے۔ پاکستان کی مسلح افواج نے دشمن کے حملوں کا بھرپور جواب دیا اور ملک کی خودمختاری کا دفاع کیا۔ اس موقع پر عوام نے بھی یکجہتی کا مظاہرہ کیا اور قومی پرچم لہرایا۔ سرکاری ذرائع کے مطابق نقصانات کا تخمینہ لگایا جا رہا ہے اور متاثرین کی امداد جاری ہے۔ ابھی میں نے اس کے بارے میں بات کی ہے اور اس سلسلے میں حکومت نے مختلف اقدامات کیے ہیں جن کا مقصد عوام کی فلاح و بہبود ہے۔ پاکستان کی مسلح افواج نے دشمن کے حملوں کا بھرپور جواب دیا اور ملک کی

23
تجہیزات

ابھی میں نے اس کے بارے میں بات کی ہے اور اس سلسلے میں حکومت نے مختلف اقدامات کیے ہیں جن کا مقصد عوام کی فلاح و بہبود ہے۔ پاکستان کی مسلح افواج نے دشمن کے حملوں کا بھرپور جواب دیا اور ملک کی خودمختاری کا دفاع کیا۔ اس موقع پر عوام نے بھی یکجہتی کا مظاہرہ کیا اور قومی پرچم لہرایا۔ سرکاری ذرائع کے مطابق نقصانات کا تخمینہ لگایا جا رہا ہے اور متاثرین کی امداد جاری ہے۔ ابھی میں نے اس کے بارے میں بات کی ہے اور اس سلسلے میں حکومت نے مختلف اقدامات کیے ہیں جن کا مقصد عوام کی فلاح و بہبود ہے۔ پاکستان کی مسلح افواج نے دشمن کے حملوں کا بھرپور جواب دیا اور مل

24
تجہیزات

ابھی میں نے اس کے بارے میں بات کی ہے اور اس سلسلے میں حکومت نے مختلف اقدامات کیے ہیں جن کا مقصد عوام کی فلاح و بہبود ہے۔ پاکستان کی مسلح افواج نے دشمن کے حملوں کا بھرپور جواب دیا اور ملک کی خودمختاری کا دفاع کیا۔ اس موقع پر عوام نے بھی یکجہتی کا مظاہرہ کیا اور قومی پرچم لہرایا۔ سرکاری ذرائع کے مطابق نقصانات کا تخمینہ لگایا جا رہا ہے اور متاثرین کی امداد جاری ہے۔ ابھی میں نے اس کے بارے میں بات کی ہے اور اس سلسلے میں حکومت نے مختلف اقداما

25
تجہیزات

ابھی میں نے اس کے بارے میں بات کی ہے اور اس سلسلے میں حکومت نے مختلف اقدامات کیے ہیں جن کا مقصد عوام کی فلاح و بہبود ہے۔ پاکستان کی مسلح افواج نے دشمن کے حملوں کا بھرپور جواب دیا اور ملک کی خودمختاری کا دفاع کیا۔ اس موقع پر عوام نے بھی یکجہتی کا مظاہرہ کیا اور قومی پرچم لہرایا۔ سرکاری ذرائع کے مطابق نقصانات کا تخمینہ لگایا جا رہا ہے اور متاثرین کی امداد جاری ہے۔ ابھی میں نے اس کے بارے میں بات کی ہے اور اس سلسلے میں حکومت نے مختلف اقدامات کیے ہیں جن کا مقصد عوام کی فلاح و بہبود ہے۔ پاکستان کی مسلح افواج نے دشمن کے حملوں کا بھرپور جواب دیا اور ملک کی خودمختاری کا دفاع کیا۔ اس موقع پر عوام نے بھی یکجہتی کا مظاہرہ کیا اور قومی پرچم لہرایا۔ سرکاری ذرائع کے مطابق نقصانات کا تخمینہ لگایا جا رہا ہے اور متاثرین کی امداد جاری ہے۔ ابھی میں نے اس کے بارے میں بات کی ہے اور

26
تجہیزات

ابھی میں نے اس کے بارے میں بات کی ہے اور اس سلسلے میں حکومت نے مختلف اقدامات کیے ہیں جن کا مقصد عوام کی فلاح و بہبود ہے۔ پاکستان کی مسلح افواج نے دشمن کے حملوں کا بھرپور جواب دیا اور ملک کی خودمختاری کا دفاع کیا۔ اس موقع پر عوام نے بھی یکجہتی کا مظاہرہ کیا اور قومی پرچم لہرایا۔ سرکاری ذرائع کے مطابق نقصانات کا تخمینہ لگایا جا رہا ہے اور متاثرین کی امداد جاری ہے۔ ابھی میں نے اس کے بارے میں بات کی ہے اور اس سلسلے میں حکومت نے مختلف اقدامات کیے ہیں جن کا مقصد عوام کی فلاح و بہبود ہے۔ پاکستان کی مسلح افواج نے دشمن کے حملوں کا بھرپور جواب دیا اور ملک کی خودمختاری کا دفاع کیا۔ اس موقع پر عوام نے بھی یکجہتی کا مظاہرہ کیا اور قومی پرچم لہرایا۔ سرکاری ذرائع کے مطابق نقصانات کا تخمینہ لگایا جا رہا ہے اور متاثرین کی امداد جاری ہے۔ ابھی میں نے اس کے بارے میں بات کی ہے اور اس سلسلے میں حکومت نے مختلف اقدامات کیے ہیں جن کا مقصد عوام کی فلاح و بہبود ہے۔ پاکستان کی مسلح افواج نے دشمن کے حملوں کا بھرپور جواب دیا اور ملک کی خودمختاری کا دفاع کیا۔ اس موقع پر عوام نے بھی یکجہتی کا مظاہرہ کیا اور قومی پرچم لہرایا۔ سرکاری ذرائع کے مطابق نقصانات کا تخمینہ لگایا جا رہا ہے اور متاثرین کی امداد جاری ہے۔ ابھی میں نے اس کے بارے میں بات کی ہے اور اس سلسلے میں حکومت نے مختلف اقدامات کیے ہیں جن کا مقصد عوام کی فلاح و بہبود ہے۔ پاکستان کی مسلح افواج نے دشمن کے حملوں کا بھرپور جواب دیا اور ملک کی خودمختاری کا دفاع کیا۔ اس موقع پر عوام نے بھی یکجہتی کا مظاہرہ کیا اور قومی پرچم لہرایا۔ سرکاری ذرائع کے مطابق نقصانات کا تخمینہ لگایا جا رہا ہے اور متاثرین کی امداد جاری ہے۔ ابھی میں نے اس کے بارے میں بات کی ہے اور اس سلسلے میں حکومت نے مختلف اقدامات کیے ہیں جن کا مقصد عوام کی فلاح و بہبود ہے۔ پاکستان کی مسلح افواج نے دشمن کے حملوں کا بھرپور جواب دیا اور ملک کی خودمختاری کا دفاع کیا۔ اس موقع پر عوام نے بھی یکجہتی کا مظاہرہ کیا اور قومی پرچم لہرایا۔ سرکاری ذرائع کے مطابق نقصانات کا تخمینہ لگایا جا رہا ہے اور متاثرین کی امداد جاری ہے۔ ابھی میں نے اس کے بارے میں بات کی ہے اور اس سلسلے میں حکومت نے مختلف اقدامات کیے ہیں جن کا مقصد عوام کی فلاح و بہبود ہے۔ پاکستان کی مسلح افواج نے دشمن کے ح

27
تجہیزات

ابھی میں نے اس کے بارے میں بات کی ہے اور اس سلسلے میں حکومت نے مختلف اقدامات کیے ہیں جن کا مقصد عوام کی فلاح و بہبود ہے۔ پاکستان کی مسلح افواج نے دشمن کے حملوں کا بھرپور جواب دیا اور ملک کی خودمختاری کا دفاع کیا۔ اس موقع پر عوام نے بھی یکجہتی کا مظاہرہ کیا اور قومی پرچم لہرایا۔ سرکاری ذرائع کے مطابق نقصانات کا تخمینہ لگایا جا رہا ہے اور متاثرین کی امداد جاری ہے۔ ابھی میں نے اس کے بارے میں بات کی ہے اور اس سلسلے میں حکومت نے مختلف اقدامات کیے ہیں جن کا مقصد عوام کی فلاح و بہبود ہے۔ پاکستان کی مسلح افواج نے دشمن کے حملوں کا بھرپور جواب دیا اور ملک کی خودمختاری کا دفاع کیا۔ اس موقع پر عوام نے بھی یکجہتی کا مظاہرہ کیا اور قومی پرچم لہرایا۔ سرکاری ذرائع کے مطابق نقصانات کا تخمینہ لگایا جا رہا ہے اور متاثرین کی امداد جاری ہے۔ ابھی میں نے اس کے بارے میں بات کی ہے اور اس سلسلے میں حکومت نے مختلف اقدامات کیے ہیں جن کا مقصد عوام کی فلاح و بہبود ہے۔ پاکستان کی مسلح افواج نے دشمن کے حملوں کا بھرپور جواب دیا اور ملک کی خودمختاری کا دفاع کیا۔ اس موقع پر عوام نے بھی یکجہتی کا مظاہرہ کیا اور قومی پرچم لہرایا۔ سرکاری ذرائع کے مطابق نقصانات کا تخمینہ لگایا جا رہا ہے اور متاثرین کی امداد جاری ہے۔ ابھی

28
تجہیزات

ابھی میں نے اس کے بارے میں بات کی ہے اور اس سلسلے میں حکومت نے مختلف اقدامات کیے ہیں جن کا مقصد عوام کی فلاح و بہبود ہے۔ پاکستان کی مسلح افواج نے دشمن کے حملوں کا بھرپور جواب دیا اور ملک کی خودمختاری کا دفاع کیا۔ اس موقع پر عوام نے بھی یکجہتی کا مظاہرہ کیا اور قومی پرچم لہرایا۔ سرکاری ذرائع کے مطابق نقصانات کا تخمینہ لگایا جا رہا ہے اور متاثرین کی امداد جاری ہے۔ ابھی میں نے اس کے بارے میں بات کی ہے اور اس سلسلے میں حکومت نے مختلف اقداما

29
تجہیزات

ابھی میں نے اس کے بارے میں بات کی ہے اور اس سلسلے میں حکومت نے مختلف اقدامات کیے ہیں جن کا مقصد عوام کی فلاح و بہبود ہے۔ پاکستان کی مسلح افواج نے دشمن کے حملوں کا بھرپور جواب دیا اور ملک کی خودمختاری کا دفاع کیا۔ اس موقع پر عوام نے بھی یکجہتی کا مظاہرہ کیا اور قومی پرچم لہرایا۔ سرکاری ذرائع کے مطابق نقصانات کا تخمینہ لگایا جا رہ

30
تجہیزات

ابھی میں نے اس کے بارے میں بات کی ہے اور اس سلسلے میں حکومت نے مختلف اقدامات کیے ہیں جن کا مقصد عوام کی فلاح و بہبود ہے۔ پاکستان کی مسلح افواج نے دشمن کے حملوں کا بھرپور جواب دیا اور ملک کی خودمختاری کا دفاع کیا۔ اس موقع پر عوام نے بھی یکجہتی کا مظاہرہ کیا اور قومی پرچم لہرایا۔ سرکاری ذرائع کے مطابق نقصانات کا تخمینہ لگایا جا رہا ہے اور متاثرین کی امداد جاری ہے۔ ابھی میں نے اس کے بارے میں بات کی ہے اور اس سلسلے میں حکومت نے مختلف اقدامات کیے ہیں جن کا مقصد عوام کی فلاح و بہبود ہے۔ پاکستان کی مسلح افواج نے دشمن کے حملوں کا بھرپور جواب دیا اور ملک کی خودمختاری کا دفاع کیا۔ اس موقع پر عوام نے بھی یکجہتی کا مظاہرہ کیا اور قومی پرچم لہرایا۔ سرکاری ذرائع کے مطابق نقصانات کا تخمینہ لگایا جا رہا ہے اور متاثرین کی امداد جاری ہے۔ ابھی میں نے اس کے بارے میں بات کی ہے اور اس سلسلے میں حکومت نے مختلف اقدامات کیے ہیں جن کا مقصد عوام کی فلاح و بہبود ہے۔ پاکستان کی مسلح افواج نے دشمن کے حملوں کا بھرپور جواب دیا اور ملک کی خودمختاری کا دفاع کیا۔ اس موقع پر عوام نے بھی یکجہتی کا مظاہرہ کیا اور قومی پرچم لہرایا۔ سرکاری ذرائع کے مطابق نقصانات کا تخمینہ لگایا جا رہا ہے اور متاثرین کی امداد جاری ہے۔ ابھی

31
تجہیزات

ابھی میں نے اس کے بارے میں بات کی ہے اور اس سلسلے میں حکومت نے مختلف اقدامات کیے ہیں جن کا مقصد عوام کی فلاح و بہبود ہے۔ پاکستان کی مسلح افواج نے دشمن کے حملوں کا بھرپور جواب دیا اور ملک کی خودمختاری کا دفاع کیا۔ اس موقع پر عوام نے بھی یکجہتی کا مظاہرہ کیا اور قومی پرچم لہرایا۔ سرکاری ذرائع کے مطابق نقصانات کا تخمینہ لگایا جا رہا ہے اور متاثرین کی امداد جاری ہے۔ ابھی میں نے اس کے بارے میں بات کی ہے اور اس سلسلے میں حکومت نے مختلف اقدامات کیے ہیں جن کا مقصد عوام کی فلاح و بہبود ہے۔ پاکستان کی مسلح افواج نے دشمن کے حملوں کا بھرپور جواب دیا اور ملک کی خودمختاری کا دفاع کیا۔ اس موقع پر عوام نے بھی یکجہتی کا مظاہرہ کیا اور قومی پرچم لہرایا۔ سرکاری ذرائع کے مطابق نقصانات کا تخمینہ لگایا جا رہا ہے اور متاثرین کی امداد جاری ہے۔ ابھی میں نے اس کے بارے میں بات کی ہے اور اس سلسلے میں حکومت نے مختلف اقدامات کیے ہیں جن کا مقصد عوام کی فلاح و بہبود ہے۔ پاکستان کی مسلح افواج نے دشمن کے حملوں کا بھرپور جواب دیا اور ملک کی خودمختاری کا دفاع کیا۔ اس موقع پر عوام نے بھی یکجہتی کا مظاہرہ کیا اور قومی پرچم لہرایا۔ سرکاری ذرائع کے مطابق نقصانات کا تخمینہ لگایا جا رہا ہے اور متاثرین کی امداد جاری ہے۔ ابھی میں نے اس کے بارے میں بات کی ہے اور اس سلسلے میں حکومت نے مختلف اقدامات کیے ہیں جن کا مقصد عوام کی فلاح و بہبود ہے۔ پاکستان کی مسلح افواج نے دشمن کے حملوں کا بھرپور جواب دیا اور ملک کی خودمختاری کا دفاع کیا۔ اس موقع پر ع

32
تجہیزات

ابھی میں نے اس کے بارے میں بات کی ہے اور اس سلسلے میں حکومت نے مختلف اقدامات کیے ہیں جن کا مقصد عوام کی فلاح و بہبود ہے۔ پاکستان کی مسلح افواج نے دشمن کے حملوں کا بھرپور جواب دیا اور ملک کی خودمختاری کا دفاع کیا۔ اس موقع پر عوام نے بھی یکجہتی کا مظاہرہ کیا اور قومی پرچم لہرایا۔ سرکاری ذرائع کے مطابق نقصانات کا تخمینہ لگایا جا رہا ہے اور متاثرین کی امداد جاری ہے۔ ابھی میں نے اس کے بارے میں بات کی ہے اور اس سلسلے میں حکومت نے مختلف اقدامات کیے ہیں جن کا مقصد عوام کی فلاح و بہبود ہے۔ پاکستان کی مسلح افواج نے دشمن کے حملوں کا بھرپور جواب دیا اور ملک کی خودمختاری کا دفاع کیا۔ اس موقع پر عوام نے بھی یکجہتی کا مظاہرہ کیا اور قومی پرچم لہرایا۔ سرکاری ذرائع کے مطابق نقصانات کا تخمینہ لگایا جا رہا ہے اور متاثرین کی امداد جاری ہے۔ ابھی میں نے اس کے بارے میں بات کی ہے اور اس سلسلے میں حکومت نے مختلف اقدامات کیے ہیں جن کا مقصد عوام کی فلاح و بہبود ہے۔ پاکستان کی مسلح افواج نے دشمن کے حملوں کا بھرپور جواب دیا اور ملک کی خودمختاری کا دفاع کیا۔ اس موقع پر عوام نے بھی یکجہتی کا مظاہرہ کیا اور قومی پرچم لہرایا۔ سرکاری ذرائع کے مطابق نقصانات کا تخمینہ لگایا جا رہا ہے اور متاثرین کی امداد جاری ہے۔ ابھی میں نے اس کے بارے میں بات کی ہے اور اس سلسلے میں حکومت نے مختلف اقدامات کیے ہیں جن کا مقصد عوام کی فلاح و بہبود ہے۔ پاکستان کی مسلح افواج نے دشمن کے حملوں کا بھرپور جواب دیا اور ملک کی خودمختاری کا دفاع کیا۔ اس موقع پر عوام نے بھی یکجہتی کا مظاہرہ کیا اور قومی پرچم لہرایا۔ سرکاری ذرائع کے مطابق نقصانات کا تخمینہ لگایا جا رہا ہے اور متاثرین کی امداد جاری ہے۔ ابھی میں نے اس کے بارے میں بات کی ہے اور اس سلسلے میں حکومت نے مختلف اقدامات کیے

33
تجہیزات

ابھی میں نے اس کے بارے میں بات کی ہے اور اس سلسلے میں حکومت نے مختلف اقدامات کیے ہیں جن کا مقصد عوام کی فلاح و بہبود ہے۔ پاکستان کی مسلح افواج نے دشمن کے حملوں کا بھرپور جواب دیا اور ملک کی خودمختاری کا دفاع کیا۔ اس موقع پر عوام نے بھی یکجہتی کا مظاہرہ کیا اور قومی پرچم لہرایا۔ سرکاری ذرائع کے مطابق نقصانات کا تخمینہ لگایا جا رہا ہے اور متاثرین کی امداد جاری ہے۔ ابھی میں نے اس کے بارے میں بات کی ہے اور اس سلسلے میں حکومت نے مختلف اقداما

34
تجہیزات

ابھی میں نے اس کے بارے میں بات کی ہے اور اس سلسلے میں حکومت نے مختلف اقدامات کیے ہیں جن کا مقصد عوام کی فلاح و بہبود ہے۔ پاکستان کی مسلح افواج نے دشمن کے حملوں کا بھرپور جواب دیا اور ملک کی خودمختاری کا دفاع کیا۔ اس موقع پر عوام نے بھی یکجہتی کا مظاہرہ کیا اور قومی پرچم لہرایا۔ سرکاری ذرائع کے مطابق نقصانات کا تخمینہ لگایا جا رہا ہے اور متاثرین کی امداد جاری ہے۔ ابھی میں نے اس کے بارے میں بات کی ہے اور اس سلسلے میں حکومت نے مختلف اقدامات کیے ہیں جن کا مقصد عوام کی فلاح و بہبود ہے۔ پاکستان کی مسلح افواج نے دشمن کے حملوں کا بھرپور جواب دیا اور مل

35
تجہیزات

ابھی میں نے اس کے بارے میں بات کی ہے اور اس سلسلے میں حکومت نے مختلف اقدامات کیے ہیں جن کا مقصد عوام کی فلاح و بہبود ہے۔ پاکستان کی مسلح افواج نے دشمن کے حملوں کا بھرپور جواب دیا اور ملک کی خودمختاری کا دفاع کیا۔ اس موقع پر عوام نے بھی یکجہتی کا مظاہرہ کیا اور قومی پرچم لہرایا۔ سرکاری ذرائع کے مطابق نقصانات کا تخمینہ لگایا جا رہا ہے اور متاثرین کی امداد جاری ہے۔ ابھی میں نے اس کے بارے میں بات کی ہے اور اس سلسلے میں حکومت نے مختلف اقدامات کیے ہیں جن کا مقصد عوام کی فلاح و بہبود ہے۔ پاکستان کی مسلح افواج نے دشمن کے حملوں کا بھرپور جواب دیا اور ملک کی خودمختاری کا دفاع کیا۔ اس موقع پر عوام نے بھی یکجہتی کا مظاہرہ کیا اور قومی پرچم لہرایا۔ سرکاری ذرائع کے مطابق نقصانات کا تخمینہ لگایا جا رہا ہے اور متاثرین کی امداد جاری ہے۔ ابھی میں نے اس کے بارے میں بات کی ہے اور

36
تجہیزات

ابھی میں نے اس کے بارے میں بات کی ہے اور اس سلسلے میں حکومت نے مختلف اقدامات کیے ہیں جن کا مقصد عوام کی فلاح و بہبود ہے۔ پاکستان کی مسلح افواج نے دشمن کے حملوں کا بھرپور جواب دیا اور ملک کی خودمختاری کا دفاع کیا۔ اس موقع پر عوام نے بھی یکجہتی کا مظاہرہ کیا اور قومی پرچم لہرایا۔ سرکاری ذرائع کے مطابق نقصانات کا تخمینہ لگایا جا رہ

37
تجہیزات

ابھی میں نے اس کے بارے میں بات کی ہے اور اس سلسلے میں حکومت نے مختلف اقدامات کیے ہیں جن کا مقصد عوام کی فلاح و

38
تجہیزات

ابھی میں نے اس کے بارے میں بات کی ہے اور اس سلسلے میں حکومت نے مختلف اقدامات کیے ہیں جن کا مقصد عوام کی فلاح و بہبود ہے۔ پاکستان کی مسلح افواج نے دشمن کے حملوں کا بھرپور جواب دیا اور ملک کی خودمختاری کا دفاع کیا۔ اس موقع پر عوام نے بھی یکجہتی کا مظاہرہ کیا اور قومی پرچم لہرایا۔ سرکاری ذرائع کے مطابق نقصانات کا تخمینہ لگایا جا رہا ہے اور متاثرین کی امداد جاری ہے۔ ابھی میں نے اس کے بارے میں بات کی ہے اور اس سلسلے میں حکومت نے مختلف اقدامات کیے ہیں جن کا مقصد عوام کی فلاح و بہبود ہے۔ پاکستان کی مسلح افواج نے دشمن کے حملوں کا بھرپور جواب دیا اور ملک کی خودمختاری کا دفاع کیا۔ اس موقع پر عوام نے بھی یکجہتی کا مظاہرہ کیا اور قومی پرچم لہرایا۔ سرکاری ذرائع کے مطابق نقصانات کا تخمینہ لگایا جا رہا ہے اور متاثرین کی امداد جاری ہے۔ ابھی میں نے اس کے بارے میں بات کی ہے اور اس سلسلے میں حکومت نے مختلف اقدامات کیے ہیں جن کا مقصد عوام کی فلاح و بہبود ہے۔ پاکستان کی مسلح افواج نے دشمن کے حملوں کا بھرپور جواب دیا اور ملک کی خودمختاری کا دفاع کیا۔ اس موقع پر عوام نے بھی یکجہتی کا مظاہرہ کیا اور

39
تجہیزات

ابھی میں نے اس کے بارے میں بات کی ہے اور اس سلسلے میں حکومت نے مختلف اقدامات کیے ہیں جن کا مقصد عوام کی فلاح و بہبود ہے۔ پاکستان کی مسلح افواج نے دشمن کے حملوں کا بھرپور جواب دیا اور ملک کی خودمختاری کا دفاع کیا۔ اس موقع پر عوام نے بھی یکجہتی کا مظاہرہ کیا اور قومی پرچم لہرایا۔ سرکاری ذرائع کے مطابق نقصانات کا تخمینہ لگایا جا رہا ہے اور متاثرین کی امداد جاری ہے۔ ابھی میں نے اس کے بارے میں بات کی ہے اور اس سلسلے میں حکومت نے مختلف اقدامات کیے ہیں جن کا مقصد عوام کی فلاح و بہبود ہے۔ پاکستان کی مسلح افواج نے دشمن کے حملوں کا بھرپور جواب دیا اور ملک کی خودمختاری کا دفاع کیا۔ اس موقع پر عوام نے بھی یکجہتی کا مظاہرہ کیا اور قومی پرچم لہرایا۔ سرکاری ذرائع کے مطابق نقصانات کا تخمینہ لگایا جا رہا ہے اور متاثرین کی امداد جاری ہے۔ ابھی میں نے اس کے بارے میں بات کی ہے اور اس سلسلے میں حکومت نے مختلف اقدامات کیے ہیں جن کا مقصد عوام کی فلاح و بہبود ہے۔ پاکستان کی مسلح افواج نے دشمن کے حملوں کا بھرپور جواب دیا اور ملک کی خودمختاری کا دفاع کیا۔ اس موقع پر عوام نے بھی یکجہتی کا مظاہرہ کیا اور قومی پرچم لہرایا۔ سرکاری ذرائع کے مطابق نقصانات کا تخمینہ لگایا جا رہا ہے اور متاثرین کی امداد جاری ہے۔ ابھی

40
تجہیزات

ابھی میں نے اس کے بارے میں بات کی ہے اور اس سلسلے میں حکومت نے مختلف اقدامات کیے ہیں جن کا مقصد عوام کی فلاح و بہبود ہے۔ پاکستان کی مسلح افواج نے دشمن کے حملوں کا بھرپور جواب دیا اور ملک کی خودمختاری کا دفاع کیا۔ اس موقع پر عوام نے بھی یکجہتی کا مظاہرہ کیا اور قومی پرچم لہرایا۔ سرکاری ذرائع کے مطابق نقصانات کا تخمینہ لگایا جا رہا ہے اور متاثرین کی امداد جاری ہے۔ ابھی میں نے اس کے بارے میں بات کی ہے اور اس سلسلے میں حکومت نے مختلف اقدامات کیے ہیں جن کا مقصد عوام کی فلاح و بہبود ہے۔ پاکستان کی مسلح افواج نے دشمن کے حملوں کا بھرپور جواب دیا اور ملک کی خودمختاری کا دفاع کیا۔ اس موقع پر عوام نے بھی یکجہتی کا مظاہرہ کیا اور قومی پرچم لہرایا۔ سرکاری ذرائع کے مطابق نقصانات کا تخمینہ لگایا جا رہا ہے اور متاثرین کی امداد جاری ہے۔ ابھی میں نے اس کے بارے میں بات کی ہے اور اس سلسلے میں حکومت نے مختلف اقدامات کیے ہیں جن کا مقصد عوام کی فلاح و بہبود ہے۔ پاکستان کی مسلح افواج نے دشمن کے حملوں کا بھرپور جواب دیا اور ملک کی خودمختاری کا دفاع کیا۔ اس موقع پر عوام نے بھی یکجہتی کا مظاہرہ کیا اور قومی پرچم لہرایا۔ سرکاری ذرائع کے مطابق نقصانات کا تخمینہ لگایا جا رہا ہے اور متاثرین کی امداد جاری ہے۔ ابھی میں نے اس کے بارے میں بات کی ہے اور اس سلسلے میں حکومت نے مختلف اقدامات کیے ہیں جن کا مقصد عوام کی فلاح و بہبود ہے۔ پاکستان کی مسلح افواج نے دشمن کے حملوں کا بھرپور جواب دیا اور ملک کی خودمختاری کا دفاع کیا۔ اس موقع پر ع

41
تجہیزات

ابھی میں نے اس کے بارے میں بات کی ہے اور اس سلسلے میں حکومت نے مختلف اقدامات کیے ہیں جن کا مقصد عوام کی فلاح و بہبود ہے۔ پاکستان کی مسلح افواج نے دشمن کے حملوں کا بھرپور جواب دیا اور ملک کی خودمختاری کا دفاع کیا۔ اس موقع پر عوام نے بھی یکجہتی کا مظاہرہ کیا اور قومی پرچم لہرایا۔ سرکاری ذرائع کے مطابق نقصانات کا تخمینہ لگایا جا رہا ہے اور متاثرین کی امداد جاری ہے۔ ابھی میں نے اس کے بارے میں بات کی ہے اور اس سلسلے میں حکومت نے مختلف اقدامات کیے ہیں جن کا مقصد عوام کی فلاح و بہبود ہے۔ پاکستان کی مسلح افواج نے دشمن کے حملوں کا بھرپور جواب دیا اور ملک کی خودمختاری کا دفاع کیا۔ اس موقع پر عوام نے بھی یکجہتی کا مظاہرہ کیا اور قومی پرچم لہرایا۔ سرکاری ذرائع کے مطابق نقصانات کا تخمینہ لگایا جا رہا ہے اور متاثرین کی امداد جاری ہے۔ ابھی میں نے اس کے بارے میں بات کی ہے اور اس سلسلے میں حکومت نے مختلف اقدامات کیے ہیں جن کا مقصد عوام کی فلاح و بہبود ہے۔ پاکستان کی مسلح افواج نے دشمن کے حملوں کا بھرپور جواب دیا اور ملک کی خودمختاری کا دفاع کیا۔ اس موقع پر عوام نے بھی یکجہتی کا مظاہرہ کیا اور قومی پرچم لہرایا۔ سرکاری ذرائع کے مطابق نقصانات کا تخمینہ لگایا جا رہا ہے اور متاثرین کی امداد جاری ہے۔ ابھی میں نے اس کے بارے میں بات کی ہے اور اس سلسلے میں حکومت نے مختلف اقدامات کیے ہیں جن کا مقصد عوام کی فلاح و بہبو

42
تجہیزات

ابھی میں نے اس کے بارے میں بات کی ہے اور اس سلسلے میں حکومت نے مختلف اقدامات کیے ہیں جن کا مقصد عوام کی فلاح و بہبود ہے۔ پاکستان کی مسلح افواج نے دشمن کے حملوں کا بھرپور جواب دیا اور ملک کی خودمختاری کا دفاع کیا۔ اس موقع پر عوام نے بھی یکجہتی کا مظاہرہ کیا اور قومی پرچم لہرایا۔ سرکاری ذرائع کے مطابق نقصانات کا تخمینہ لگایا جا رہا ہے اور متاثرین کی امداد جاری ہے۔ ابھی میں نے اس کے بارے میں بات کی ہے اور اس سلسلے میں حکومت نے مختلف اقدامات کیے ہیں جن کا مقصد عوام کی فلاح و بہبود ہے۔ پاکستان کی مسلح افواج نے دشمن کے حملوں کا بھرپور جواب دیا اور ملک کی خودمختاری کا دفاع کیا۔ اس موقع پر عوام نے بھی یکجہتی کا مظاہرہ کیا اور قومی پرچم لہرایا۔ سرکاری ذرائع کے مطابق نقصانات کا تخمینہ لگایا جا رہا ہے اور متاثرین کی امداد جاری ہے۔ ابھی میں نے اس کے بارے میں بات کی ہے اور اس سلسلے میں حکومت نے مختلف اقدامات کیے ہیں جن کا مقصد عوام کی فلاح و بہبود ہے۔ پاکستان کی مسلح افواج نے دشمن کے حملوں کا بھرپور جواب دیا اور ملک کی خودمختاری کا دفاع کیا۔ اس موقع پر عوام نے بھی یکجہتی کا مظاہرہ کیا اور قومی پرچم لہرایا۔ سرکاری ذرائع کے مطابق نقصانات کا تخمینہ لگایا جا رہا ہے اور متاثرین کی امداد جاری ہے۔ ابھی میں نے اس کے بارے میں بات کی ہے اور اس سلسلے میں حکومت نے مختلف اقدامات کیے ہیں جن کا مقصد عوام کی فلاح و بہبو

43
تجہیزات

ابھی میں نے اس کے بارے میں بات کی ہے اور اس سلسلے میں حکومت نے مختلف اقدامات کیے ہیں جن کا مقصد عوام کی فلاح و بہبود ہے۔ پاکستان کی مسلح افواج نے دشمن کے حملوں کا بھرپور جواب دیا اور ملک کی خودمختاری کا دفاع کیا۔ اس موقع پر عوام نے بھی یکجہتی کا مظاہرہ کیا اور قومی پرچم لہرایا۔ سرکاری ذرائع کے مطابق نقصانات کا تخمینہ لگایا جا رہا ہے اور متاثرین کی امداد جاری ہے۔ ابھی میں نے اس کے بارے میں بات کی ہے اور اس سلسلے میں حکومت نے مختلف اقدامات کیے ہیں جن کا مقصد عوام کی فلاح و بہبود ہے۔ پاکستان کی مسلح افواج نے دشمن کے حملوں کا بھرپور جواب دیا اور ملک کی خودمختاری کا دفاع کیا۔ اس موقع پر عوام نے بھی یکجہتی کا مظاہرہ کیا اور قومی پرچم لہرایا۔ سرکاری ذرائع کے مطابق نقصانات کا تخمینہ لگایا جا رہا ہے اور متاثرین کی امداد جاری ہے۔ ابھی میں نے اس کے بارے میں بات کی ہے اور اس سلسلے میں حکومت نے مختلف اقدامات کیے ہیں جن کا مقصد عوام کی فلاح و بہبود ہے۔ پاکستان کی مسلح افواج نے دشمن کے حملوں کا بھرپور جواب دیا اور ملک کی خودمختاری کا دفاع کیا۔ اس موقع پر عوام نے بھی یکجہتی کا مظاہرہ کیا اور قومی پرچم لہرایا۔ سرکاری ذرائع کے مطابق نقصانات کا تخمینہ لگایا جا رہا ہے اور متاثرین کی امداد جاری ہے۔ ابھی میں نے اس کے بارے میں بات کی ہے اور اس سلسلے میں حکومت نے مختلف اقدامات کیے ہیں جن کا مقصد عوام کی فلاح و بہبود ہے۔ پاکستان کی مسلح افواج نے دشمن کے حملوں کا بھرپور جواب دیا اور ملک کی خودمختاری کا دفاع کیا۔ اس موقع پر عوام نے بھی یکجہتی کا مظاہرہ کیا اور قومی پرچم لہرایا۔ سرکاری ذرائع کے مطابق نقصانات کا تخمینہ لگایا جا رہا ہے

44
تجہیزات

ابھی میں نے اس کے بارے میں بات کی ہے اور اس سلسلے میں حکومت نے مختلف اقدامات کیے ہیں جن کا مقصد عوام کی فلاح و بہبود ہے۔ پاکستان کی مسلح افواج نے دشمن کے حملوں کا بھرپور جواب دیا اور ملک کی خودمختاری کا دفاع کیا۔ اس موقع پر عوام نے بھی یکجہتی کا مظاہرہ کیا اور قومی پرچم لہرایا۔ سرکاری ذرائع کے مطابق نقصانات کا تخمینہ لگایا جا رہا ہے اور متاثرین کی امداد جاری ہے۔ ابھی میں نے اس کے بارے میں بات کی ہے اور اس سلسلے میں حکومت نے مختلف اقدامات کیے ہیں جن کا مقصد عوام کی فلاح و بہبود ہے۔ پاکستان کی مسلح افواج نے دشمن کے حملوں کا بھرپور جواب دیا اور ملک کی خودمختاری کا دفاع کیا۔ اس موقع پر عوام نے بھی یکجہتی کا مظاہرہ کیا اور قومی پرچم لہرایا۔ سرکاری ذرائع کے مطابق نقصانات کا تخمینہ لگایا جا رہا ہے اور متاثرین کی امداد جاری ہے۔ ابھی میں نے اس کے بارے میں بات کی ہے اور اس سلسلے میں حکومت نے مختلف اقدامات کیے ہیں جن کا مقصد عوام کی فلاح و بہبود ہے۔ پاکستان کی مسلح افواج نے دشمن کے حملوں کا بھرپور جواب دیا اور ملک کی خودمختاری کا دفاع کیا۔ اس موقع پر عوام نے بھی یکجہتی کا مظاہرہ کیا اور قومی پرچم لہرایا۔ سرکاری ذرائع کے مطابق نقصانات کا تخمینہ لگایا جا رہا ہے اور متاثرین کی امداد جاری ہے۔ ابھی میں نے اس کے بارے میں بات کی ہے اور اس سلسلے میں حکومت نے مختلف اقدامات کیے ہیں جن کا مقصد عوام کی فلاح و بہبود ہے۔ پاکستان کی مسلح افواج نے دشمن کے حملوں کا بھرپور جواب دیا اور ملک کی خودمختاری کا دفاع کیا۔ اس موقع پر عوام نے بھی یکجہتی کا مظاہرہ کیا اور قومی پرچم لہرایا۔ سرکاری ذرائع کے مطابق نقصانات کا تخمینہ لگایا جا رہا ہے اور متاثرین کی امداد جاری ہے۔ ابھی میں نے اس کے بارے میں بات کی ہے اور اس سلسلے میں حکومت نے مختلف اقدامات کیے ہیں جن کا مقصد عوام کی فلاح و بہبود ہے۔ پاکستان کی مسلح افواج نے دشمن کے حملوں کا بھرپور جواب دیا اور ملک کی خودمختاری کا دفاع کیا۔ اس موقع پر عوام نے بھی یکجہتی کا مظاہرہ کیا اور قومی پرچم لہرایا۔ سرکاری ذرائع کے مطابق نقصانات کا تخمینہ لگایا جا رہا ہے اور متاثرین کی امداد جاری ہے۔ ابھی میں نے اس کے بارے میں بات کی ہے اور اس سلسلے میں حکومت نے مختلف اقدامات کیے ہیں جن کا مقصد عوام کی فلاح و بہبود ہے۔ پاکستان کی مسلح افواج نے دشمن کے حملوں کا بھرپور جواب دیا اور ملک کی خودمختاری کا دفاع کیا۔ اس موقع پر عوام نے بھی یکجہتی کا مظاہرہ کیا اور قومی پرچم لہرایا۔ سرکاری ذرائع کے مطابق نقصانات کا تخمینہ لگایا جا رہا ہے اور متاثرین کی امداد جاری ہے۔ ابھی میں نے اس کے بارے میں بات کی ہے اور اس سلسلے میں حکومت نے مختلف اقدامات کیے ہیں جن کا مقصد عوام کی فلاح و بہبود ہے۔ پاکستان کی مسلح افواج نے دشمن کے حملوں کا بھرپور جواب دیا اور ملک کی خودمختاری کا دفاع کیا۔ اس موقع پر عوام نے بھی یکجہتی کا مظاہرہ کیا اور قومی پرچم لہرایا۔ سرکاری ذرائع کے مطابق نقصانات کا تخمینہ لگایا جا رہا ہے اور متاثرین کی امداد جاری ہے۔ ابھی میں نے اس کے بارے میں بات کی ہے اور اس سلسلے میں حکومت نے مختلف اقدامات کیے ہیں جن کا مقصد عوام کی فلاح و بہبود ہے۔ پاکستان کی مسلح افواج نے دشمن کے حملوں کا بھرپور جواب دیا اور ملک کی خودمختاری کا دفاع کیا۔ اس موقع پر عوام نے بھی یکجہتی کا مظاہرہ کیا اور قومی پرچم لہرایا۔ سرکاری ذرائع کے مطابق نقصانات کا تخمینہ لگایا جا رہا ہے اور متاثرین کی امداد جاری ہے۔ ابھی میں نے اس کے بارے میں بات کی ہے اور اس سلسلے میں حکومت نے مختلف اقدامات کیے ہیں جن کا مقصد عوام کی فلاح و بہبود ہے۔ پاکستان کی مسلح افواج نے دشمن کے حملوں کا بھرپور جواب دیا اور ملک کی خودمختاری کا دفاع کیا۔ اس موقع پر عوام نے بھی یکجہتی کا مظاہرہ کیا اور قومی پرچم لہرایا۔ سرکاری ذرائع کے مطابق نقصانات کا تخمینہ لگایا جا رہا ہے اور متاثرین کی امداد جاری ہے۔ ابھی میں نے اس کے بارے میں بات کی ہے اور اس سلسلے میں حکومت نے مختلف اقدامات کیے ہیں جن کا مقصد عوام کی فلاح و بہبود ہے۔ پاکستان کی مسلح افواج نے دشمن کے حملوں کا بھرپور جواب دیا اور ملک کی خودمختاری کا دفاع کیا۔ اس موقع پر عوام نے بھی یکجہتی کا مظاہرہ کیا اور قومی پرچم لہرایا۔ سرکاری ذرائع کے مطابق نقصانات کا تخمینہ لگایا جا رہا ہے اور متاثرین کی امداد جاری ہے۔ ابھی میں نے اس کے بارے میں بات کی ہے اور اس سلسلے میں حکومت نے مختلف اقدامات کیے ہیں جن کا مقصد عوام کی فلاح و بہبود ہے۔ پاکستان کی مسلح افواج نے دشمن کے حملوں کا بھرپور جواب دیا اور ملک کی خودمختاری

45
تجہیزات

ابھی میں نے اس کے بارے میں بات کی ہے اور اس سلسلے میں حکومت نے مختلف اقدامات کیے ہیں جن کا مقصد عوام کی فلاح و بہبود ہے۔ پاکستان کی مسلح افواج نے دشمن کے حملوں کا بھرپور جواب دیا اور ملک کی خودمختاری کا دفاع کیا۔ اس موقع پر عوام نے بھی یکجہتی کا مظاہرہ کیا اور قومی پرچم لہرایا۔ سرکاری ذرائع کے مطابق نقصانات کا تخمینہ لگایا جا رہا ہے اور متاثرین کی امداد جاری ہے۔ ابھی میں نے اس کے بارے میں بات کی ہے اور اس سلسلے میں حکومت نے مختلف اقدامات کیے ہیں جن کا مقصد عوام کی فلاح و بہبود ہے۔ پاکستان کی مسلح افواج نے دشمن کے حملوں کا بھرپور جواب دیا اور ملک کی خودمختاری کا دفاع کیا۔ اس موقع پر عوام نے بھی یکجہتی کا مظاہرہ کیا اور قومی پرچم لہرایا۔ سرکاری ذرائع کے مطابق نقصانات کا تخمینہ لگایا جا رہا ہے اور متاثرین کی امداد جاری ہے۔ ابھی میں نے اس کے بارے میں بات کی ہے اور اس سلسلے میں حکومت نے مختلف اقدامات کیے ہیں جن کا مقصد عوام کی فلاح و بہبود ہے۔ پاکستان کی مسلح افواج نے دشمن کے حملوں کا بھرپور جواب دیا اور ملک کی خودمختاری کا دفاع کیا۔ اس موقع پر عوام نے بھی یکجہتی کا مظاہرہ کیا اور قومی پرچم لہرایا۔ سرکاری ذرائع کے مطابق نقصانات کا تخمینہ لگایا جا رہا ہے اور متاثرین کی امداد جاری ہے۔ ابھی میں نے اس کے بارے میں بات کی ہے اور اس سلسلے میں حکومت نے مختلف اقدامات کیے ہیں جن کا مقصد عوام کی فلاح و بہبود ہے۔ پاکستان کی مسلح افواج نے دشمن کے حملوں کا بھرپور جواب دیا اور ملک کی خودمختاری کا دفاع کیا۔ اس موقع پر عوام نے بھی یکجہتی کا مظاہرہ کیا اور قومی پرچم لہرایا۔ سرکاری ذرائع کے مطابق نقصانات کا تخمینہ لگایا جا رہا ہے اور متاثرین کی امداد جاری ہے۔ ابھی میں نے اس کے بارے میں بات کی ہے اور اس سلسلے میں حکومت نے مختلف اقدامات کیے ہیں جن کا مقصد عوام کی فلاح و بہبود ہے۔ پاکستان کی مسلح افواج نے دشمن کے حملوں کا بھرپور جواب دیا اور ملک کی خودمختاری کا دفاع کیا۔ اس موقع پر عوام نے بھی یکجہتی کا مظاہرہ کیا اور قومی پرچم لہرایا۔ سرکاری ذرائع کے مطابق نقصانات کا تخمینہ لگایا جا رہا ہے اور متاثرین کی امداد جاری ہے۔ ابھی میں نے اس کے بارے میں بات کی ہے اور اس سلسلے میں حکومت نے مختلف اقدامات کیے ہیں جن کا مقصد عوام کی فلاح و بہبود ہے۔ پاکستان کی مسلح افواج نے دشمن کے حملوں کا بھرپور جواب دیا اور ملک کی خودمختاری کا دفاع کیا۔ اس موقع پر عوام نے بھی یکجہتی کا مظاہرہ کیا اور قومی پرچم لہرایا۔ سرکاری ذرائع کے مطابق نقصانات کا تخمینہ لگایا جا رہا ہے اور متاثرین کی امداد جاری ہے۔ ابھی میں نے اس کے بارے میں بات کی ہے اور اس سلسلے میں حکومت نے مختلف اقدامات کیے ہیں جن کا مقصد عوام کی فلاح و بہبود ہے۔

بعدالت جناب عامر سلطان کاکڑ
صاحب سول فیملی کورٹ جج پنڈ دادنخان ضلع جہلم

ابھی میں نے اس کے بارے میں بات کی ہے اور اس سلسلے میں حکومت نے مختلف اقدامات کیے ہیں جن کا مقصد عوام کی فلاح و بہبود ہے۔ پاکستان کی مسلح افواج نے دشمن کے حملوں کا بھرپور جواب دیا اور ملک کی خودمختاری کا دفاع کیا۔ اس موقع پر عوام نے بھی یکجہتی کا مظاہرہ کیا اور قومی پرچم لہرایا۔ سرکاری ذرائع کے مطابق نقصانات کا تخمینہ لگایا جا رہا ہے اور متاثرین کی امداد جاری ہے۔ ابھی میں نے اس کے بارے میں بات کی ہے اور اس سلسلے میں حکومت نے مختلف اقدامات کیے ہیں جن کا مقصد عوام کی فلاح و بہبود ہے۔ پاکستان کی مسلح افواج نے دشمن کے حملوں کا بھرپور جواب دیا اور ملک کی خودمختاری کا دفاع کیا۔ اس موقع پر عوام نے بھی یکجہتی کا مظاہرہ کیا اور قومی پرچم لہرایا۔ سرکاری ذرائع کے مطابق نقصانات کا تخمینہ لگایا جا رہا ہے اور متاثرین کی امداد جاری ہے۔ ابھی میں نے اس کے بارے میں بات کی ہے اور

بعدالت جناب میڈم نائلہ ولی
صاحبہ سول فیملی کورٹ جج پھالیہ ڈسٹرکٹ منڈی بہاؤالدین

ابھی میں نے اس کے بارے میں بات کی ہے اور اس سلسلے میں حکومت نے مختلف اقدامات کیے ہیں جن کا مقصد عوام کی فلاح و بہبود ہے۔ پاکستان کی مسلح افواج نے دشمن کے حملوں کا بھرپور جواب دیا اور ملک کی خودمختاری کا دفاع کیا۔ اس موقع پر عوام نے بھی یکجہتی کا مظاہرہ کیا اور قومی پرچم لہرایا۔ سرکاری ذرائع کے مطابق نقصانات کا تخمینہ لگایا جا رہا ہے اور متاثرین کی امداد جاری ہے۔ ابھی میں نے اس کے بارے میں بات کی ہے اور اس سلسلے میں حکومت نے مختلف اقدامات کیے ہیں جن کا مقصد عوام کی فلاح و بہبود ہے۔ پاکستان کی مسلح افواج نے دشمن کے حملوں کا بھرپور جواب دیا اور ملک کی خودمختاری کا دفاع کیا۔ اس موقع پر عوام نے بھی یکجہتی کا مظاہرہ کیا اور قومی پرچم لہرایا۔ سرکاری ذرائع کے مطابق نقصانات کا تخمینہ لگایا جا رہا ہے اور متاثرین کی امداد جاری ہے۔ ابھی میں نے اس کے بارے میں بات کی ہے اور اس سلسلے میں حکومت نے مختلف اقدامات کیے ہیں جن کا مقصد عوام کی فلاح و بہبود ہے۔ پاکستان کی مسلح افواج نے دشمن کے حملوں کا بھرپور جواب دیا اور ملک کی خودمختاری کا دفاع کیا۔ اس موقع پر عوام نے بھی یکجہتی کا مظاہرہ کیا اور قومی پرچم لہرایا۔ سرکاری ذرائع کے مطابق نقصانات کا تخمینہ لگایا جا رہا ہے اور متاثرین کی امداد جاری ہے۔ ابھی میں نے اس کے بارے میں بات کی ہے اور اس سلسلے میں حکومت نے مختلف اقدامات کیے ہیں جن کا مقصد عوام کی فلاح و بہبو

بعدالت جناب عثمان مجید صاحب
سول جج کمالیہ

ابھی میں نے اس کے بارے میں بات کی ہے اور اس سلسلے میں حکومت نے مختلف اقدامات کیے ہیں جن کا مقصد عوام کی فلاح و بہبود ہے۔ پاکستان کی مسلح افواج نے دشمن کے حملوں کا بھرپور جواب دیا اور ملک کی خودمختاری کا دفاع کیا۔ اس موقع پر عوام نے بھی یکجہتی کا مظاہرہ کیا اور قومی پرچم لہرایا۔ سرکاری ذرائع کے مطابق نقصانات کا تخمینہ لگایا جا رہا ہے اور متاثرین کی امداد جاری ہے۔ ابھی میں نے اس کے بارے میں بات کی ہے اور اس سلسلے میں حکومت نے مختلف اقدامات کیے ہیں جن کا مقصد عوام کی فلاح و بہبود ہے۔ پاکستان کی مسلح افواج نے دشمن کے حملوں کا بھرپور جواب دیا اور ملک کی خودمختاری کا دفاع کیا۔ اس موقع پر عوام نے بھی یکجہتی کا مظاہرہ کیا اور قومی پرچم لہرایا۔ سرکاری ذرائع کے مطابق نقصانات کا تخمینہ لگایا جا رہا ہے اور متاثرین کی امداد جاری ہے۔ ابھی میں نے اس کے بارے میں بات کی ہے اور اس سلسلے میں حکومت نے مختلف اقدامات کیے ہیں جن کا مقصد عوام کی فلاح و بہبود ہے۔ پاکستان کی مسلح افواج نے دشمن کے حملوں کا بھرپور جواب دیا اور ملک کی خودمختاری کا دفاع کیا۔ اس موقع پر عوام نے بھی یکجہتی کا مظاہرہ کیا اور قومی پرچم لہرایا۔ سرکاری ذرائع کے مطابق نقصانات کا تخمینہ لگایا جا رہا ہے اور متاثرین کی امداد جاری ہے۔ ابھی میں نے اس کے بارے میں بات کی ہے اور اس سلسلے میں حکومت نے مختلف اقدامات کیے ہیں جن کا مقصد عوام کی فلاح و بہبو

46
تجہیزات

ابھی میں نے اس کے بارے میں بات کی ہے اور اس سلسلے میں حکومت نے مختلف اقدامات کیے ہیں جن کا مقصد عوام کی فلاح و بہبود ہے۔ پاکستان کی مسلح افواج نے دشمن کے حملوں کا بھرپور جواب دیا اور ملک کی خودمختاری کا دفاع کیا۔ اس موقع پر عوام نے بھی یکجہتی کا مظاہرہ کیا اور قومی پرچم لہرایا۔ سرکاری ذرائع کے مطابق نقصانات کا تخمینہ لگایا جا رہا ہے اور متاثرین کی امداد جاری ہے۔ ابھی میں نے اس کے بارے میں بات کی ہے اور اس سلسلے میں حکومت نے مختلف اقدامات کیے ہیں جن کا مقصد عوام کی فلاح و بہبود ہے۔ پاکستان کی مسلح افواج نے دشمن کے حملوں کا بھرپور جواب دیا اور ملک کی خودمختاری کا دفاع کیا۔ اس موقع پر عوام نے بھی یکجہتی کا مظاہرہ کیا اور قومی پرچم لہرایا۔ سرکاری ذرائع کے مطابق نقصانات کا تخمینہ لگایا جا رہا ہے اور متاثرین کی امداد جاری ہے۔ ابھی میں نے اس کے بارے میں بات کی ہے اور اس سلسلے میں حکومت نے مختلف اقدامات کیے ہیں جن کا مقصد عوام کی فلاح و بہبود ہے۔ پاکستان کی مسلح افواج نے دشمن کے حملوں کا بھرپور جواب دیا اور ملک کی خودمختاری کا دفاع کیا۔ اس موقع پر عوام نے بھی یکجہتی کا مظاہرہ کیا اور

47
تجہیزات

ابھی میں نے اس کے بارے میں بات کی ہے اور اس سلسلے میں حکومت نے مختلف اقدامات کیے ہیں جن کا مقصد عوام کی فلاح و

48
تجہیزات

ابھی میں نے اس کے بارے میں بات کی ہے اور اس سلسلے میں حکومت نے مختلف اقدامات کیے ہیں جن کا مقصد عوام کی فلاح و بہبود ہے۔ پاکستان کی مسلح افواج نے دشمن کے حملوں کا بھرپور جواب دیا اور ملک کی خودمختاری کا دفاع کیا۔ اس موقع پر عوام نے بھی یکجہتی کا مظاہرہ کیا اور قومی پرچم لہرایا۔ سرکاری ذرائع کے مطابق نقصانات کا تخمینہ لگایا جا رہا ہے اور متاثرین کی امداد جاری ہے۔ ابھی میں نے اس کے بارے میں بات کی ہے اور اس سلسلے میں حکومت نے مختلف اقدامات کیے ہیں جن کا مقصد عوام کی فلاح و بہبود ہے۔ پاکستان کی مسلح افواج نے دشمن کے حملوں کا بھرپور جواب دیا اور ملک کی خودمختاری کا دفاع کیا۔ اس موقع پر عوام نے بھی یکجہتی کا مظاہرہ کیا اور قومی پرچم لہرایا۔ سرکاری ذرائع کے مطابق نقصانات کا تخمینہ لگایا جا رہا ہے اور متاثرین کی امداد جاری ہے۔ ابھی میں نے اس کے بارے میں بات کی ہے اور اس سلسلے میں حکومت نے مختلف اقدامات کیے ہیں جن کا مقصد عوام کی فلاح و بہبود ہے۔ پاکستان کی مسلح افواج نے دشمن کے حملوں کا بھرپور جواب دیا اور ملک کی خودمختاری کا دفاع کیا۔ اس موقع پر عوام نے بھی یکجہتی کا مظاہرہ کیا اور قومی پرچم لہرایا۔ سرکاری ذرائع کے مطابق نقصانات کا تخمینہ لگایا جا رہا ہے اور متاثرین کی امداد جاری ہے۔ ابھی میں نے اس کے بارے میں بات کی ہے اور اس سلسلے میں حکومت نے مختلف اقدامات کیے ہیں جن کا مقصد عوام کی فلاح و بہبو

49
تجہیزات

ابھی میں نے اس کے بارے میں بات کی ہے اور اس سلسلے میں حکومت نے مختلف اقدامات کیے ہیں جن کا مقصد عوام کی فلاح و بہبود ہے۔ پاکستان کی مسلح افواج نے دشمن کے حملوں کا بھرپور جواب دیا اور ملک کی خودمختاری کا دفاع کیا۔ اس موقع پر عوام نے بھی یکجہتی کا مظاہرہ کیا اور قومی پرچم لہرایا۔ سرکاری ذرائع کے مطابق نقصانات کا تخمینہ لگایا جا رہا ہے اور متاثرین کی امداد جاری ہے۔ ابھی میں نے اس کے بارے میں بات کی ہے اور اس سلسلے میں حکومت نے مختلف اقدامات کیے ہیں جن کا مقصد عوام کی فلاح و بہبود ہے۔ پاکستان کی مسلح افواج نے دشمن کے حملوں کا بھرپور جواب دیا اور ملک کی خودمختاری کا دفاع کیا۔ اس موقع پر عوام نے بھی یکجہتی کا مظاہرہ کیا اور قومی پرچم لہرایا۔ سرکاری ذرائع کے مطابق نقصانات کا تخمینہ لگایا جا رہا ہے اور متاثرین کی امداد جاری ہے۔ ابھی میں نے اس کے بارے میں بات کی ہے اور اس سلسلے میں حکومت نے مختلف اقدامات کیے ہیں جن کا مقصد عوام کی فلاح و بہبود ہے۔ پاکستان کی مسلح افواج نے دشمن کے حملوں کا بھرپور جواب دیا اور ملک کی خودمختاری کا دفاع کیا۔ اس موقع پر عوام نے بھی یکجہتی کا مظاہرہ کیا اور قومی پرچم لہرایا۔ سرکاری ذرائع کے مطابق نقصانات کا تخمینہ لگایا جا رہا ہے اور متاثرین کی امداد جاری ہے۔ ابھی میں نے اس کے بارے میں بات کی ہے اور اس سلسلے میں حکومت نے مختلف اقدامات کیے ہیں جن کا مقصد عوام کی فلاح و بہبود ہے۔ پاکستان کی مسلح افواج نے دشمن کے حملوں کا بھرپور جواب دیا اور ملک کی خودمختاری کا دفاع کیا۔ اس موقع پر عوام نے بھی یکجہتی کا مظاہرہ کیا اور قومی پرچم لہرایا۔ سرکاری ذرائع کے مطابق نقصانات کا تخمینہ لگایا جا رہا ہے اور متاثرین کی امداد جاری ہے۔ ابھی میں نے اس کے بارے میں بات کی ہے اور اس سلسلے میں حکومت نے مختلف اقدامات کیے ہیں جن کا مقصد عوام کی فلاح و بہبود ہے۔ پاکستان کی مسلح افواج نے دشمن کے حملوں کا بھرپور جواب دیا اور ملک کی خودمختاری کا دفاع کیا۔ اس موقع پر عوام نے بھی یکجہتی کا مظاہرہ کیا اور قومی پرچم لہرایا۔ سرکاری ذرائع کے مطابق نقصانات کا تخمینہ لگایا جا رہا ہے اور متاثرین کی امداد جاری ہے۔ ابھی میں نے اس کے بارے میں بات کی ہے اور اس سلسلے میں حکومت نے مختلف اقدامات کیے ہیں جن کا مقصد عوام کی فلاح و بہبود ہے۔ پاکستان کی مسلح افواج نے دشمن کے حملوں کا بھرپور جواب دیا اور ملک کی خودمختاری کا دفاع کیا۔ اس موقع پر عوام نے بھی یکجہتی کا مظاہرہ کیا اور قومی پرچم لہرایا۔ سرکاری ذرائع کے مطابق نقصانات کا تخمینہ لگایا جا رہا ہے اور متاثرین کی امداد جاری ہے۔ ابھی میں نے اس کے بارے میں بات کی ہے اور اس سلسلے میں حکومت نے مختلف اقدامات کیے ہیں جن کا مقصد عوام کی فلاح و بہبود ہے۔ پاکستان کی مسلح افواج نے دشمن کے حملوں کا بھرپور جواب دیا اور ملک کی خودمختاری کا دفاع کیا۔ اس موقع پر عوام ن

50
تجہیزات

ابھی میں نے اس کے بارے میں بات کی ہے اور اس سلسلے میں حکومت نے مختلف اقدامات کیے ہیں جن کا مقصد عوام کی فلاح و بہبود ہے۔ پاکستان کی مسلح افواج نے دشمن کے حملوں کا بھرپور جواب دیا اور ملک کی خودمختاری کا دفاع کیا۔ اس موقع پر عوام نے بھی یکجہتی کا مظاہرہ کیا اور قومی پرچم لہرایا۔ سرکاری ذرائع کے مطابق نقصانات کا تخمینہ لگایا جا رہا ہے اور متاثرین کی امداد جاری ہے۔ ابھی میں نے اس کے بارے میں بات کی ہے اور اس سلسلے میں حکومت نے مختلف اقدامات کیے ہیں جن کا مقصد عوام کی فلاح و بہبود ہے۔ پاکستان کی مسلح افواج نے دشمن کے حملوں کا بھرپور جواب دیا اور ملک کی خودمختاری کا دفاع کیا۔ اس موقع پر عوام نے بھی یکجہتی کا مظاہرہ کیا اور قومی پرچم لہرایا۔ سرکاری ذرائع کے مطابق نقصانات کا تخمینہ لگایا جا رہا ہے اور متاثرین کی امداد جاری ہے۔ ابھی میں نے اس کے بارے میں بات کی ہے اور اس سلسلے میں حکومت نے مختلف اقدامات کیے ہیں جن کا مقصد عوام کی فلاح و بہبود ہے۔ پاکستان کی مسلح افواج نے دشمن کے حملوں کا بھرپور جواب دیا اور ملک کی خودمختاری کا دفاع کیا۔ اس موقع پر عوام نے بھی یکجہتی کا مظاہرہ کیا اور قومی پرچم لہرایا۔ سرکاری ذرائع کے مطابق نقصانات کا تخمینہ لگایا جا رہا ہے اور متاثرین کی امداد جاری ہے۔ ابھی

51
تجہیزات

ابھی میں نے اس کے بارے میں بات کی ہے اور اس سلسلے میں حکومت نے مختلف اقدامات کیے ہیں جن کا مقصد عوام کی فلاح و

اعلان لاتعلقی

ابھی میں نے اس کے بارے میں بات کی ہے اور اس سلسلے میں حکومت نے مختلف اقدامات کیے ہیں جن کا مقصد عوام کی فلاح و بہبود ہے۔ پاکستان کی مسلح افواج نے دشمن کے حملوں کا بھرپور جواب دیا اور ملک کی خودمختاری کا دفاع کیا۔ اس موقع پر عوام نے بھی یکجہتی کا مظاہرہ کیا اور قومی پرچم لہرایا۔ سرکاری ذرائع کے مطابق نقصانات کا تخمینہ لگایا جا رہا ہے اور متاثرین کی امداد جاری ہے۔ ابھی میں نے اس کے بارے میں بات کی ہے اور اس سلسلے میں حکومت نے مختلف اقدامات کیے ہیں جن کا مقصد عوام کی فلاح و بہبود ہے۔ پاکستان کی مسلح افواج نے دشمن کے حملوں کا بھرپور جواب دیا اور ملک کی خودمختاری کا دفاع کیا۔ اس موقع پر عوام نے بھی یکجہتی کا مظاہرہ کیا اور قومی پرچم لہرایا۔ سرکاری ذرائع کے مطابق نقصانات کا تخمینہ لگایا جا رہا ہے اور متاثرین کی امداد جاری ہے۔ ابھی میں نے اس کے بارے میں بات کی ہے اور اس سلسلے میں حکومت نے مختلف اقدامات کیے ہیں جن کا مقصد عوام کی فلاح و بہبود ہے۔ پاکستان کی مسلح افواج نے دشمن کے حملوں کا بھرپور جواب دیا اور ملک کی خودمختاری کا دفاع کیا۔ اس موقع پر عوام نے بھی یکجہتی کا مظاہرہ کیا اور قومی پرچم لہرایا۔ سرکاری ذرائع کے مطابق نقصانات کا تخمینہ لگایا جا رہا ہے اور متاثرین کی امداد جاری ہے۔ ابھی میں نے اس کے بارے میں بات کی ہے اور اس سلسلے میں حکومت نے مختلف اقدامات کیے ہیں جن کا مقصد عوام کی فلاح و بہبو

بعدالت جناب عبدالرحمن وڑائچ
صاحب ایڈیشنل ڈسٹرکٹ اینڈ سیشن جج گوجرانوالہ

ابھی میں نے اس کے بارے میں بات کی ہے اور اس سلسلے میں حکومت نے مختلف اقدامات کیے ہیں جن کا مقصد عوام کی فلاح و بہبود ہے۔ پاکستان کی مسلح افواج نے دشمن کے حملوں کا بھرپور جواب دیا اور ملک کی خودمختاری کا دفاع کیا۔ اس موقع پر عوام نے بھی یکجہتی کا مظاہرہ کیا اور قومی پرچم لہرایا۔ سرکاری ذرائع کے مطابق نقصانات کا تخمینہ لگایا جا رہا ہے اور متاثرین کی امداد جاری ہے۔ ابھی میں نے اس کے بارے میں بات کی ہے اور اس سلسلے میں حکومت نے مختلف اقدامات کیے ہیں جن کا مقصد عوام کی فلاح و بہبود ہے۔ پاکستان کی مسلح افواج نے دشمن کے حملوں کا بھرپور جواب دیا اور ملک کی خودمختاری کا دفاع کیا۔ اس موقع پر عوام نے بھی یکجہتی کا مظاہرہ کیا اور قومی پرچم لہرایا۔ سرکاری ذرائع کے مطابق نقصانات کا تخمینہ لگایا جا رہا ہے اور متاثرین کی امداد جاری ہے۔ ابھی میں نے اس کے بارے میں بات کی ہے اور اس سلسلے میں حکومت نے مختلف اقدامات کیے ہیں جن کا مقصد عوام کی فلاح و بہبود ہے۔ پاکستان کی مسلح افواج نے دشمن کے حملوں کا بھرپور جواب دیا اور ملک کی خودمختاری کا دفاع کیا۔ اس موقع پر عوام نے بھی یکجہتی کا مظاہرہ کیا اور

بعدالت جناب بشرٰی راشد صاحبہ
سول جج فیصل آباد

ابھی میں نے اس کے بارے میں بات کی ہے اور اس سلسلے میں حکومت نے مختلف اقدامات کیے ہیں جن کا مقصد عوام کی فلاح و بہبود ہے۔ پاکستان کی مسلح افواج نے دشمن کے حملوں کا بھرپور جواب دیا اور ملک کی خودمختاری کا دفاع کیا۔ اس موقع پر عوام نے بھی یکجہتی کا مظاہرہ کیا اور قومی پرچم لہرایا۔ سرکاری ذرائع کے مطابق نقصانات کا تخمینہ لگایا جا رہا ہے اور متاثرین کی امداد جاری ہے۔ ابھی میں نے اس کے بارے میں بات کی ہے اور اس سلسلے میں حکومت نے مختلف اقدامات کیے ہیں جن کا مقصد عوام کی فلاح و بہبود ہے۔ پاکستان کی مسلح افواج نے دشمن کے حملوں کا بھرپور جواب دیا اور ملک کی خودمختاری کا دفاع کیا۔ اس موقع پر عوام نے بھی یکجہتی کا مظاہرہ کیا اور قومی پرچم لہرایا۔ سرکاری ذرائع کے مطابق نقصانات کا تخمینہ لگایا جا رہا ہے اور متاثرین کی امداد جاری ہے۔ ابھی میں نے اس کے بارے میں بات کی ہے اور اس سلسلے میں حکومت نے مختلف اقدامات کیے ہیں جن کا مقصد عوام کی فلاح و بہبود ہے۔ پاکستان کی مسلح افواج نے دشمن کے حملوں کا بھرپور جواب دیا اور ملک کی خودمختاری کا دفاع کیا۔ اس موقع پر عوام نے بھی یکجہتی کا مظاہرہ کیا اور قومی پرچم لہرایا۔ سرکاری ذرائع کے مطابق نقصانات کا تخمینہ لگایا جا رہا ہے اور متاثرین کی امداد جاری ہے۔ ابھی میں نے اس کے بارے میں بات کی ہے اور اس سلسلے میں حکومت نے مختلف اقدامات کیے ہیں جن کا مقصد عوام کی فلاح و بہبود ہے۔ پاکستان کی مسلح افواج نے دشمن کے حملوں کا بھرپور جواب دیا اور ملک کی خودمختاری کا دفاع کیا۔ اس موقع پر ع

52
تجہیزات

ابھی میں نے اس کے بارے میں بات کی ہے اور اس سلسلے میں حکومت نے مختلف اقدامات کیے ہیں جن کا مقصد عوام کی فلاح و بہبود ہے۔ پاکستان کی مسلح افواج نے دشمن کے حملوں کا بھرپور جواب دیا اور ملک کی خودمختاری کا دفاع کیا۔ اس موقع پر عوام نے بھی یکجہتی کا مظاہرہ کیا اور قومی پرچم لہرایا۔ سرکاری ذرائع کے مطابق نقصانات کا تخمینہ لگایا جا رہا ہے اور متاثرین کی امداد جاری ہے۔ ابھی میں نے اس کے بارے میں بات کی ہے اور اس سلسلے میں حکومت نے مختلف اقدامات کیے ہیں جن کا مقصد عوام کی فلاح و بہبود ہے۔ پاکستان کی مسلح افواج نے دشمن کے حملوں کا بھرپور جواب دیا اور ملک کی خودمختاری کا دفاع کیا۔ اس موقع پر عوام نے بھی یکجہتی کا مظاہرہ کیا اور قومی پرچم لہرایا۔ سرکاری ذرائع کے مطابق نقصانات کا تخمینہ لگایا جا رہا ہے اور متاثرین کی امداد جاری ہے۔ ابھی میں نے اس کے بارے میں بات کی ہے اور اس سلسلے میں حکومت نے مختلف اقدامات کیے ہیں جن کا مقصد عوام کی فلاح و بہبود ہے۔ پاکستان کی مسلح افواج نے دشمن کے حملوں کا بھرپور جواب دیا اور ملک کی خودمختاری کا دفاع کیا۔ اس موقع پر عوام نے بھی یکجہتی کا مظاہرہ کیا اور قومی پرچم لہرایا۔ سرکاری ذرائع کے مطابق نقصانات کا تخمینہ لگایا جا رہا ہے اور متاثرین کی امداد جاری ہے۔ ابھی میں نے اس کے بارے میں بات کی ہے اور اس سلسلے میں حکومت نے مختلف اقدامات کیے ہیں جن کا مقصد عوام کی فلاح و بہبو

53
تجہیزات

ابھی میں نے اس کے بارے میں بات کی ہے اور اس سلسلے میں حکومت نے مختلف اقدامات کیے ہیں جن کا مقصد عوام کی فلاح و بہبود ہے۔ پاکستان کی مسلح افواج نے دشمن کے حملوں کا بھرپور جواب دیا اور ملک کی خودمختاری کا دفاع کیا۔ اس موقع پر عوام نے بھی یکجہتی کا مظاہرہ کیا اور قومی پرچم لہرایا۔ سرکاری ذرائع کے مطابق نقصانات کا تخمینہ لگایا جا رہا ہے اور متاثرین کی امداد جاری ہے۔ ابھی میں نے اس کے بارے میں بات کی ہے اور اس سلسلے میں حکومت نے مختلف اقدامات کیے ہیں جن کا مقصد عوام کی فلاح و بہبود ہے۔ پاکستان کی مسلح افواج نے دشمن کے حملوں کا بھرپور جواب دیا اور ملک کی خودمختاری کا دفاع کیا۔ اس موقع پر عوام نے بھی یکجہتی کا مظاہرہ کیا اور قومی پرچم لہرایا۔ سرکاری ذرائع کے مطابق نقصانات کا تخمینہ لگایا جا رہا ہے اور متاثرین کی امداد جاری ہے۔ ابھی میں نے اس کے بارے میں بات کی ہے اور اس سلسلے میں حکومت نے مختلف اقدامات کیے ہیں جن کا مقصد عوام کی فلاح و بہبود ہے۔ پاکستان کی مسلح افواج نے دشمن کے حملوں کا بھرپور جواب دیا اور ملک کی خودمختاری کا دفاع کیا۔ اس موقع پر عوام نے بھی یکجہتی کا مظاہرہ کیا اور

54
تجہیزات

ابھی میں نے اس کے بارے میں بات کی ہے اور اس سلسلے میں حکومت نے مختلف اقدامات کیے ہیں جن کا مقصد عوام کی فلاح و بہبود ہے۔ پاکستان کی مسلح افواج نے دشمن کے حملوں کا بھرپور جواب دیا اور ملک کی خودمختاری کا دفاع کیا۔ اس موقع پر عوام نے بھی یکجہتی کا مظاہرہ کیا اور قومی پرچم لہرایا۔ سرکاری ذرائع کے مطابق نقصانات کا تخمینہ لگایا جا رہا ہے اور متاثرین کی امداد جاری ہے۔ ابھی میں نے اس کے بارے میں بات کی ہے اور اس سلسلے میں حکومت نے مختلف اقدامات کیے ہیں جن کا مقصد عوام کی فلاح و بہبود ہے۔ پاکستان کی مسلح افواج نے دشمن کے حملوں کا بھرپور جواب دیا اور ملک کی خودمختاری کا دفاع کیا۔ اس موقع پر عوام نے بھی یکجہتی کا مظاہرہ کیا اور قومی پرچم لہرایا۔ سرکاری ذرائع کے مطابق نقصانات کا تخمینہ لگایا جا رہا ہے اور متاثرین کی امداد جاری ہے۔ ابھی میں نے اس کے بارے میں بات کی ہے اور

55
تجہیزات

ابھی میں نے اس کے بارے میں بات کی ہے اور اس سلسلے میں حکومت نے مختلف اقدامات کیے ہیں جن کا مقصد عوام کی فلاح و بہبود ہے۔ پاکستان کی مسلح افواج نے دشمن کے حملوں کا بھرپور جواب دیا اور ملک کی خودمختاری کا دفاع کیا۔ اس موقع پر عوام نے بھی یکجہتی کا مظاہرہ کیا اور قومی پرچم لہرایا۔ سرکاری ذرائع کے مطابق نقصانات کا تخمینہ لگایا جا رہا ہے اور متاثرین کی امداد جاری ہے۔ ابھی میں نے اس کے بارے میں بات کی ہے اور اس سلسلے میں حکومت نے مختلف اقدامات کیے ہیں جن کا مقصد عوام کی فلاح و بہبود ہے۔ پاکستان کی مسلح افواج نے دشمن کے حملوں کا بھرپور جواب دیا اور ملک کی خودمختاری کا دفاع کیا۔ اس موقع پر عوام نے بھی یکجہتی کا مظاہرہ کیا اور قومی پرچم لہرایا۔ سرکاری ذرائع کے مطابق نقصانات کا تخمینہ لگایا جا رہا ہے اور متاثرین کی امداد جاری ہے۔ ابھی میں نے اس کے بارے میں بات کی ہے اور

56
تجہیزات

ابھی میں نے اس کے بارے میں بات کی ہے اور اس سلسلے میں حکومت نے مختلف اقدامات کیے ہیں جن کا مقصد عوام کی فلاح و بہبود ہے۔ پاکستان کی مسلح افواج نے دشمن کے حملوں کا بھرپور جواب دیا اور ملک کی خودمختاری کا دفاع کیا۔ اس موقع پر عوام نے بھی یکجہتی کا مظاہرہ کیا اور قومی پرچم لہرایا۔ سرکاری ذرائع کے مطابق نقصانات کا تخمینہ لگایا جا رہ

57
تجہیزات

ابھی میں نے اس کے بارے میں بات کی ہے اور اس سلسلے میں حکومت نے مختلف اقدامات کیے ہیں جن کا مقصد عوام کی فلاح و بہبود ہے۔ پاکستان کی مسلح افواج نے دشمن کے حملوں کا بھرپور جواب دیا اور ملک کی خودمختاری کا دفاع کیا۔ اس موقع پر عوام نے بھی یکجہتی کا مظاہرہ کیا اور قومی پرچم لہرایا۔ سرکاری ذرائع کے مطابق نقصانات کا تخمینہ لگایا جا رہ

بعدالت جناب میڈم معوذ ناصر
صاحبہ سول جج فیملی کورٹ گوجرانوالہ

ابھی میں نے اس کے بارے میں بات کی ہے اور اس سلسلے میں حکومت نے مختلف اقدامات کیے ہیں جن کا مقصد عوام کی فلاح و بہبود ہے۔ پاکستان کی مسلح افواج نے دشمن کے حملوں کا بھرپور جواب دیا اور ملک کی خودمختاری کا دفاع کیا۔ اس موقع پر عوام نے بھی یکجہتی کا مظاہرہ کیا اور قومی پرچم لہرایا۔ سرکاری ذرائع کے مطابق نقصانات کا تخمینہ لگایا جا رہا ہے اور متاثرین کی امداد جاری ہے۔ ابھی میں نے اس کے بارے میں بات کی ہے اور اس سلسلے میں حکومت نے مختلف اقدامات کیے ہیں جن کا مقصد عوام کی فلاح و بہبود ہے۔ پاکستان کی مسلح افواج نے دشمن کے حملوں کا بھرپور جواب دیا اور ملک کی خودمختاری کا دفاع کیا۔ اس موقع پر عوام نے بھی یکجہتی کا مظاہرہ کیا اور قومی پرچم لہرایا۔ سرکاری ذرائع کے مطابق نقصانات کا تخمینہ لگایا جا رہا ہے اور متاثرین کی امداد جاری ہے۔ ابھی میں نے اس کے بارے میں بات کی ہے اور اس سلسلے میں حکومت نے مختلف اقدامات کیے ہیں جن کا مقصد عوام کی فلاح و بہبود ہے۔ پاکستان کی مسلح افواج نے دشمن کے حملوں کا بھرپور جواب دیا اور ملک کی خودمختاری کا دفاع کیا۔ اس موقع پر عوام نے بھی یکجہتی کا مظاہرہ کیا اور قومی پرچم لہرایا۔ سرکاری ذرائع کے مطابق نقصانات کا تخمینہ لگایا جا رہا ہے اور متاثرین کی امداد جاری ہے۔ ابھی

بعدالت جناب محمد ساجد بلال
صاحب سول جج فیملی کورٹ فیصل آباد

ابھی میں نے اس کے بارے میں بات کی ہے اور اس سلسلے میں حکومت نے مختلف اقدامات کیے ہیں جن کا مقصد عوام کی فلاح و بہبود ہے۔ پاکستان کی مسلح افواج نے دشمن کے حملوں کا بھرپور جواب دیا اور ملک کی خودمختاری کا دفاع کیا۔ اس موقع پر عوام نے بھی یکجہتی کا مظاہرہ کیا اور قومی پرچم لہرایا۔ سرکاری ذرائع کے مطابق نقصانات کا تخمینہ لگایا جا رہا ہے اور متاثرین کی امداد جاری ہے۔ ابھی میں نے اس کے بارے میں بات کی ہے اور اس سلسلے میں حکومت نے مختلف اقدامات کیے ہیں جن کا مقصد عوام کی فلاح و بہبود ہے۔ پاکستان کی مسلح افواج نے دشمن کے حملوں کا بھرپور جواب دیا اور ملک کی خودمختاری کا دفاع کیا۔ اس موقع پر عوام نے بھی یکجہتی کا مظاہرہ کیا اور قومی پرچم لہرایا۔ سرکاری ذرائع کے مطابق نقصانات کا تخمینہ لگایا جا رہا ہے اور متاثرین کی امداد جاری ہے۔ ابھی میں نے اس کے بارے میں بات کی ہے اور اس سلسلے میں حکومت نے مختلف اقدامات کیے ہیں جن کا مقصد عوام کی فلاح و بہبود ہے۔ پاکستان کی مسلح افواج نے دشمن

بعدالت جناب شوکت علی صاحب
سول جج اول LDA بلڈنگ ایوان عدل لاہور

ابھی میں نے اس کے بارے میں بات کی ہے اور اس سلسلے میں حکومت نے مختلف اقدامات کیے ہیں جن کا مقصد عوام کی فلاح و بہبود ہے۔ پاکستان کی مسلح افواج نے دشمن کے حملوں کا بھرپور جواب دیا اور ملک کی خودمختاری کا دفاع کیا۔ اس موقع پر عوام نے بھی یکجہتی کا مظاہرہ کیا اور قومی پرچم لہرایا۔ سرکاری ذرائع کے مطابق نقصانات کا تخمینہ لگایا جا رہا ہے اور متاثرین کی امداد جاری ہے۔ ابھی میں نے اس کے بارے میں بات کی ہے اور اس سلسلے میں حکومت نے مختلف اقدامات کیے ہیں جن کا مقصد عوام کی فلاح و بہبود ہے۔ پاکستان کی مسلح افواج نے دشمن کے حملوں کا بھرپور جواب دیا اور ملک کی خودمختاری کا دفاع کیا۔ اس موقع پر عوام نے بھی یکجہتی کا مظاہرہ کیا اور قومی پرچم لہرایا۔ سرکاری ذرائع کے مطابق نقصانات کا تخمینہ لگایا جا رہا ہے اور متاثرین کی امداد جاری ہے۔ ابھی میں نے اس کے بارے میں بات کی ہے اور اس سلسلے میں حکومت نے مختلف اقدامات کیے ہیں جن کا مقصد عوام کی فلاح و بہبود ہے۔ پاکستان کی مسلح افواج نے دشمن کے حملوں کا بھرپور جواب دیا اور ملک کی خودمختاری کا دفاع کیا۔ اس موقع پر عوام نے بھی یکجہتی کا مظاہرہ کیا اور قومی پرچم لہرایا۔ سرکاری ذرائع کے مطابق نقصانات کا تخمینہ لگایا جا رہا ہے اور متاثرین کی امداد جاری ہے۔ ابھی
